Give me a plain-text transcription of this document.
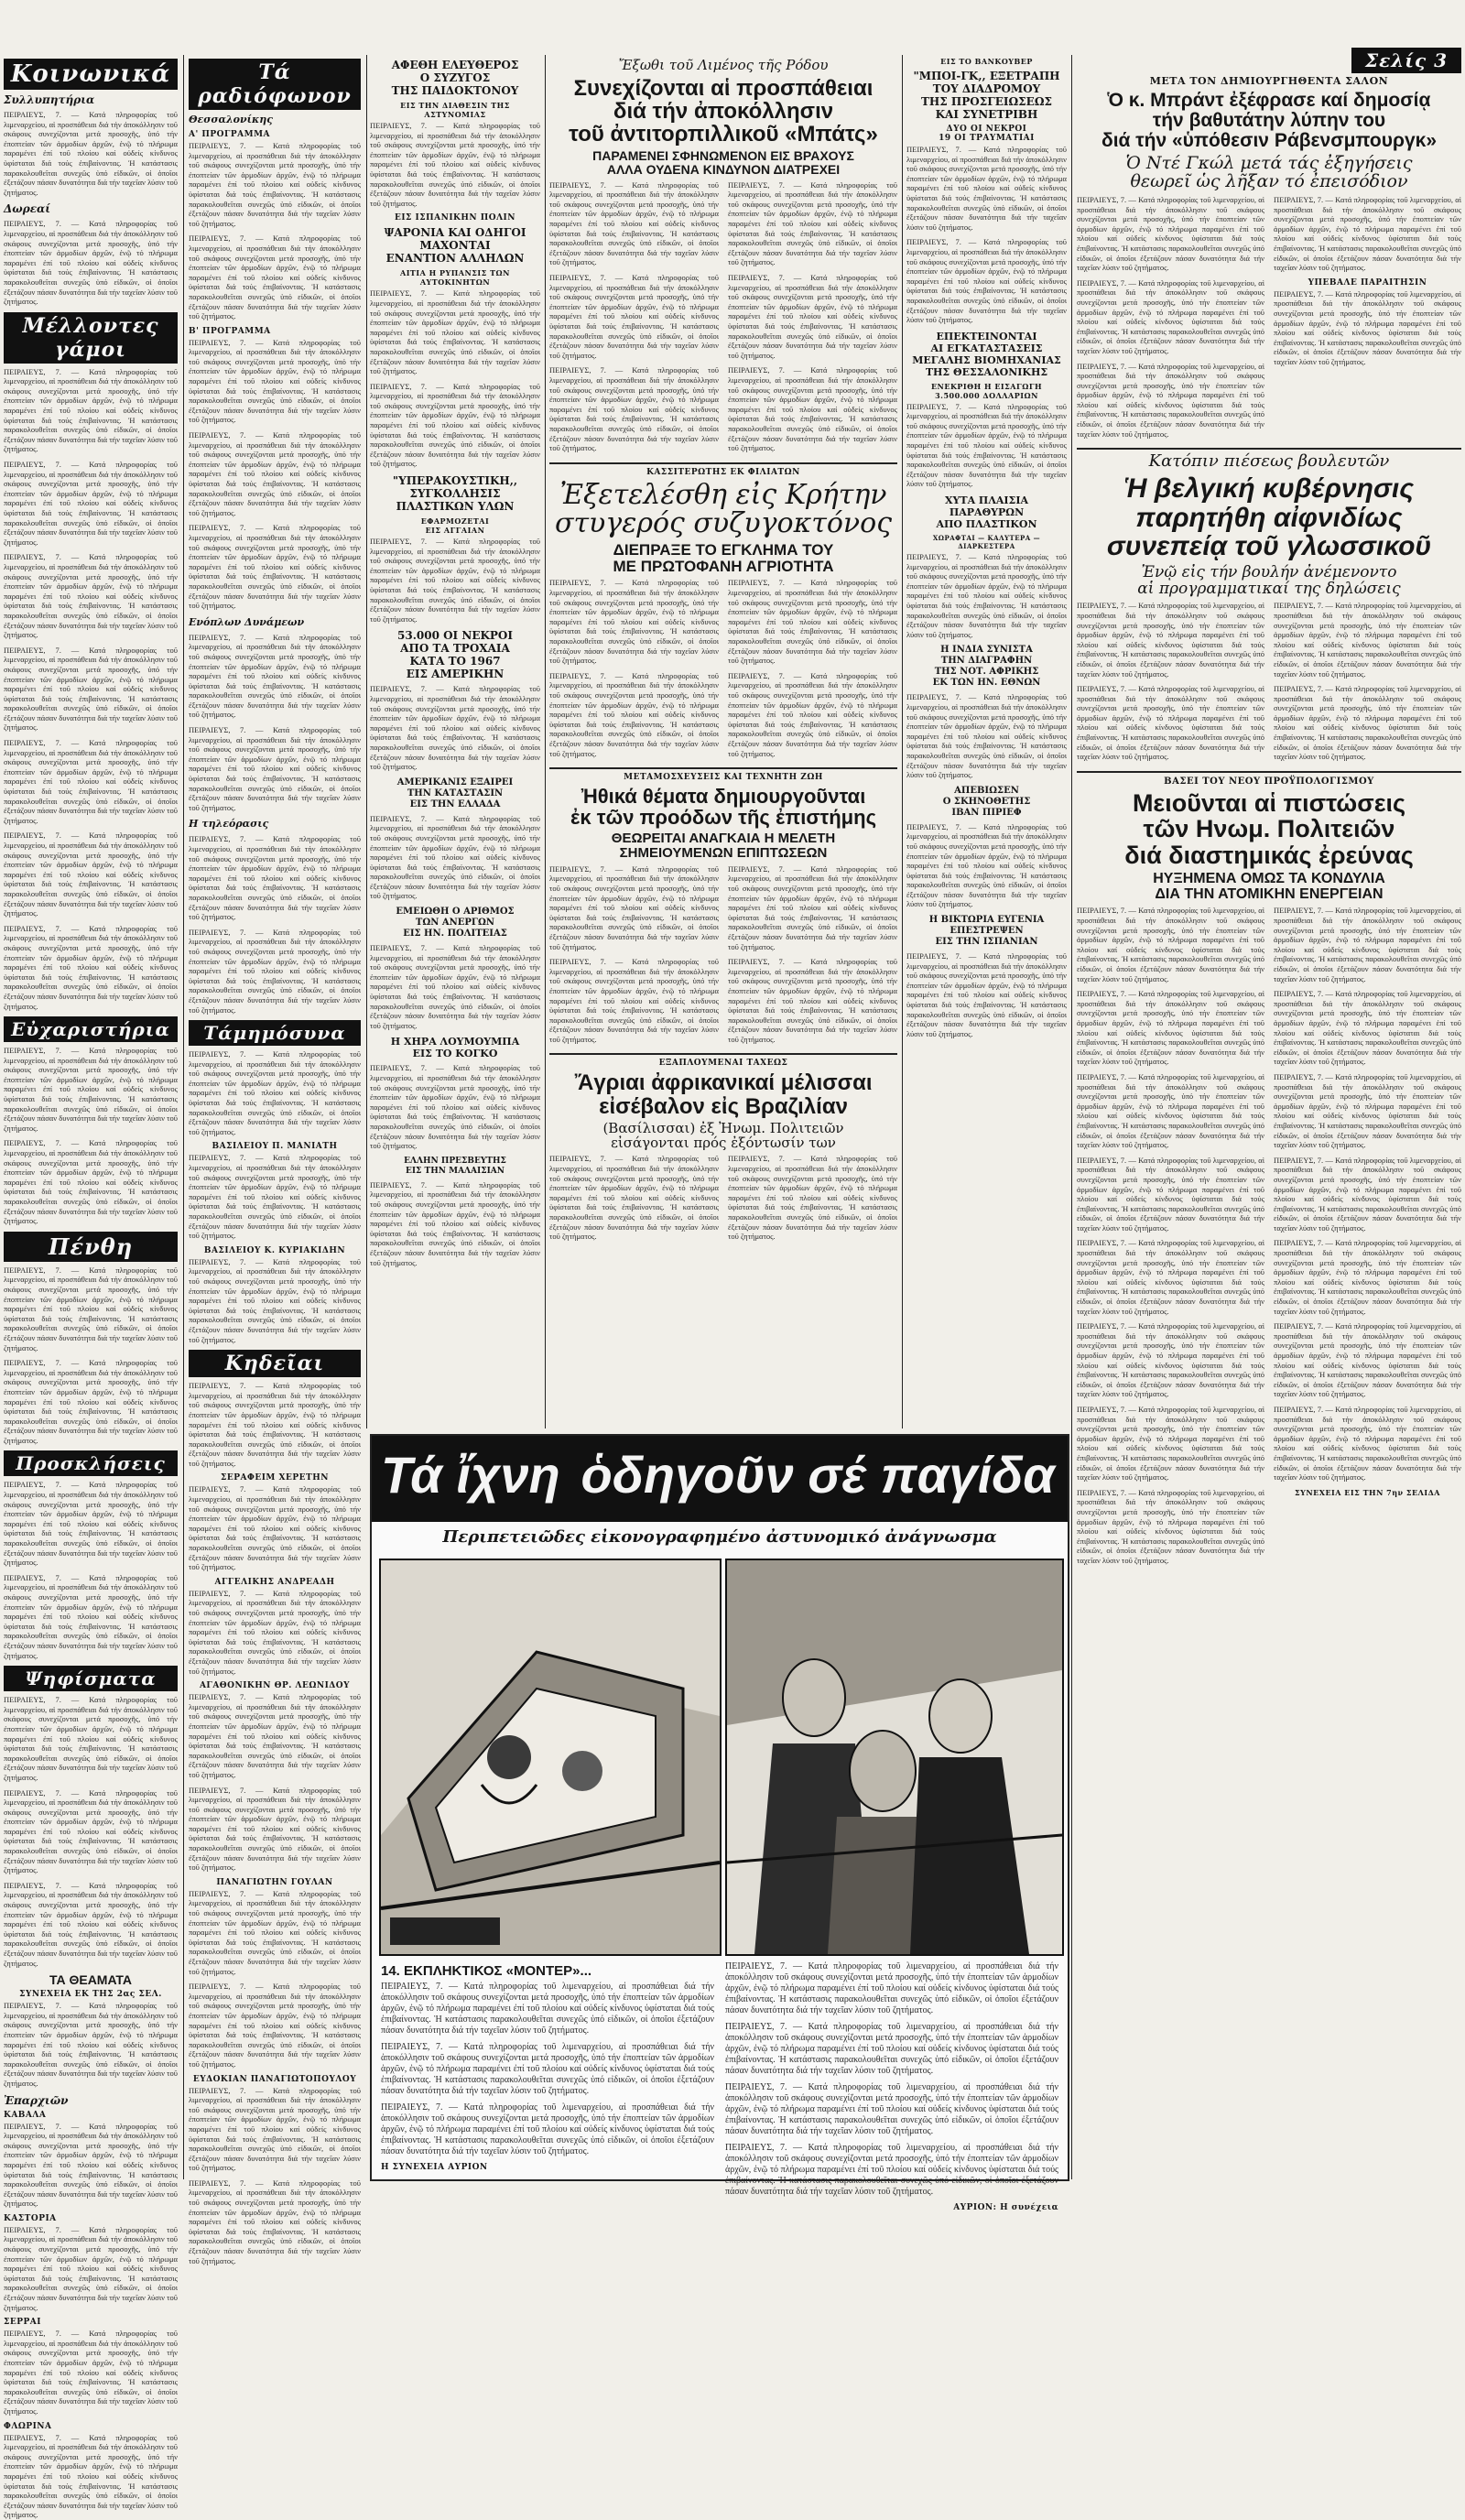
Κοινωνικά
Συλλυπητήρια

ΠΕΙΡΑΙΕΥΣ, 7. — Κατά πληροφορίας τοῦ λιμεναρχείου, αἱ προσπάθειαι διά τήν ἀποκόλλησιν τοῦ σκάφους συνεχίζονται μετά προσοχῆς, ὑπό τήν ἐποπτείαν τῶν ἁρμοδίων ἀρχῶν, ἐνῷ τό πλήρωμα παραμένει ἐπί τοῦ πλοίου καί οὐδείς κίνδυνος ὑφίσταται διά τούς ἐπιβαίνοντας. Ἡ κατάστασις παρακολουθεῖται συνεχῶς ὑπό εἰδικῶν, οἱ ὁποῖοι ἐξετάζουν πάσαν δυνατότητα διά τήν ταχεῖαν λύσιν τοῦ ζητήματος.

Δωρεαί

ΠΕΙΡΑΙΕΥΣ, 7. — Κατά πληροφορίας τοῦ λιμεναρχείου, αἱ προσπάθειαι διά τήν ἀποκόλλησιν τοῦ σκάφους συνεχίζονται μετά προσοχῆς, ὑπό τήν ἐποπτείαν τῶν ἁρμοδίων ἀρχῶν, ἐνῷ τό πλήρωμα παραμένει ἐπί τοῦ πλοίου καί οὐδείς κίνδυνος ὑφίσταται διά τούς ἐπιβαίνοντας. Ἡ κατάστασις παρακολουθεῖται συνεχῶς ὑπό εἰδικῶν, οἱ ὁποῖοι ἐξετάζουν πάσαν δυνατότητα διά τήν ταχεῖαν λύσιν τοῦ ζητήματος.

Μέλλοντες γάμοι

ΠΕΙΡΑΙΕΥΣ, 7. — Κατά πληροφορίας τοῦ λιμεναρχείου, αἱ προσπάθειαι διά τήν ἀποκόλλησιν τοῦ σκάφους συνεχίζονται μετά προσοχῆς, ὑπό τήν ἐποπτείαν τῶν ἁρμοδίων ἀρχῶν, ἐνῷ τό πλήρωμα παραμένει ἐπί τοῦ πλοίου καί οὐδείς κίνδυνος ὑφίσταται διά τούς ἐπιβαίνοντας. Ἡ κατάστασις παρακολουθεῖται συνεχῶς ὑπό εἰδικῶν, οἱ ὁποῖοι ἐξετάζουν πάσαν δυνατότητα διά τήν ταχεῖαν λύσιν τοῦ ζητήματος.

ΠΕΙΡΑΙΕΥΣ, 7. — Κατά πληροφορίας τοῦ λιμεναρχείου, αἱ προσπάθειαι διά τήν ἀποκόλλησιν τοῦ σκάφους συνεχίζονται μετά προσοχῆς, ὑπό τήν ἐποπτείαν τῶν ἁρμοδίων ἀρχῶν, ἐνῷ τό πλήρωμα παραμένει ἐπί τοῦ πλοίου καί οὐδείς κίνδυνος ὑφίσταται διά τούς ἐπιβαίνοντας. Ἡ κατάστασις παρακολουθεῖται συνεχῶς ὑπό εἰδικῶν, οἱ ὁποῖοι ἐξετάζουν πάσαν δυνατότητα διά τήν ταχεῖαν λύσιν τοῦ ζητήματος.

ΠΕΙΡΑΙΕΥΣ, 7. — Κατά πληροφορίας τοῦ λιμεναρχείου, αἱ προσπάθειαι διά τήν ἀποκόλλησιν τοῦ σκάφους συνεχίζονται μετά προσοχῆς, ὑπό τήν ἐποπτείαν τῶν ἁρμοδίων ἀρχῶν, ἐνῷ τό πλήρωμα παραμένει ἐπί τοῦ πλοίου καί οὐδείς κίνδυνος ὑφίσταται διά τούς ἐπιβαίνοντας. Ἡ κατάστασις παρακολουθεῖται συνεχῶς ὑπό εἰδικῶν, οἱ ὁποῖοι ἐξετάζουν πάσαν δυνατότητα διά τήν ταχεῖαν λύσιν τοῦ ζητήματος.

ΠΕΙΡΑΙΕΥΣ, 7. — Κατά πληροφορίας τοῦ λιμεναρχείου, αἱ προσπάθειαι διά τήν ἀποκόλλησιν τοῦ σκάφους συνεχίζονται μετά προσοχῆς, ὑπό τήν ἐποπτείαν τῶν ἁρμοδίων ἀρχῶν, ἐνῷ τό πλήρωμα παραμένει ἐπί τοῦ πλοίου καί οὐδείς κίνδυνος ὑφίσταται διά τούς ἐπιβαίνοντας. Ἡ κατάστασις παρακολουθεῖται συνεχῶς ὑπό εἰδικῶν, οἱ ὁποῖοι ἐξετάζουν πάσαν δυνατότητα διά τήν ταχεῖαν λύσιν τοῦ ζητήματος.

ΠΕΙΡΑΙΕΥΣ, 7. — Κατά πληροφορίας τοῦ λιμεναρχείου, αἱ προσπάθειαι διά τήν ἀποκόλλησιν τοῦ σκάφους συνεχίζονται μετά προσοχῆς, ὑπό τήν ἐποπτείαν τῶν ἁρμοδίων ἀρχῶν, ἐνῷ τό πλήρωμα παραμένει ἐπί τοῦ πλοίου καί οὐδείς κίνδυνος ὑφίσταται διά τούς ἐπιβαίνοντας. Ἡ κατάστασις παρακολουθεῖται συνεχῶς ὑπό εἰδικῶν, οἱ ὁποῖοι ἐξετάζουν πάσαν δυνατότητα διά τήν ταχεῖαν λύσιν τοῦ ζητήματος.

ΠΕΙΡΑΙΕΥΣ, 7. — Κατά πληροφορίας τοῦ λιμεναρχείου, αἱ προσπάθειαι διά τήν ἀποκόλλησιν τοῦ σκάφους συνεχίζονται μετά προσοχῆς, ὑπό τήν ἐποπτείαν τῶν ἁρμοδίων ἀρχῶν, ἐνῷ τό πλήρωμα παραμένει ἐπί τοῦ πλοίου καί οὐδείς κίνδυνος ὑφίσταται διά τούς ἐπιβαίνοντας. Ἡ κατάστασις παρακολουθεῖται συνεχῶς ὑπό εἰδικῶν, οἱ ὁποῖοι ἐξετάζουν πάσαν δυνατότητα διά τήν ταχεῖαν λύσιν τοῦ ζητήματος.

ΠΕΙΡΑΙΕΥΣ, 7. — Κατά πληροφορίας τοῦ λιμεναρχείου, αἱ προσπάθειαι διά τήν ἀποκόλλησιν τοῦ σκάφους συνεχίζονται μετά προσοχῆς, ὑπό τήν ἐποπτείαν τῶν ἁρμοδίων ἀρχῶν, ἐνῷ τό πλήρωμα παραμένει ἐπί τοῦ πλοίου καί οὐδείς κίνδυνος ὑφίσταται διά τούς ἐπιβαίνοντας. Ἡ κατάστασις παρακολουθεῖται συνεχῶς ὑπό εἰδικῶν, οἱ ὁποῖοι ἐξετάζουν πάσαν δυνατότητα διά τήν ταχεῖαν λύσιν τοῦ ζητήματος.

Εὐχαριστήρια

ΠΕΙΡΑΙΕΥΣ, 7. — Κατά πληροφορίας τοῦ λιμεναρχείου, αἱ προσπάθειαι διά τήν ἀποκόλλησιν τοῦ σκάφους συνεχίζονται μετά προσοχῆς, ὑπό τήν ἐποπτείαν τῶν ἁρμοδίων ἀρχῶν, ἐνῷ τό πλήρωμα παραμένει ἐπί τοῦ πλοίου καί οὐδείς κίνδυνος ὑφίσταται διά τούς ἐπιβαίνοντας. Ἡ κατάστασις παρακολουθεῖται συνεχῶς ὑπό εἰδικῶν, οἱ ὁποῖοι ἐξετάζουν πάσαν δυνατότητα διά τήν ταχεῖαν λύσιν τοῦ ζητήματος.

ΠΕΙΡΑΙΕΥΣ, 7. — Κατά πληροφορίας τοῦ λιμεναρχείου, αἱ προσπάθειαι διά τήν ἀποκόλλησιν τοῦ σκάφους συνεχίζονται μετά προσοχῆς, ὑπό τήν ἐποπτείαν τῶν ἁρμοδίων ἀρχῶν, ἐνῷ τό πλήρωμα παραμένει ἐπί τοῦ πλοίου καί οὐδείς κίνδυνος ὑφίσταται διά τούς ἐπιβαίνοντας. Ἡ κατάστασις παρακολουθεῖται συνεχῶς ὑπό εἰδικῶν, οἱ ὁποῖοι ἐξετάζουν πάσαν δυνατότητα διά τήν ταχεῖαν λύσιν τοῦ ζητήματος.

Πένθη

ΠΕΙΡΑΙΕΥΣ, 7. — Κατά πληροφορίας τοῦ λιμεναρχείου, αἱ προσπάθειαι διά τήν ἀποκόλλησιν τοῦ σκάφους συνεχίζονται μετά προσοχῆς, ὑπό τήν ἐποπτείαν τῶν ἁρμοδίων ἀρχῶν, ἐνῷ τό πλήρωμα παραμένει ἐπί τοῦ πλοίου καί οὐδείς κίνδυνος ὑφίσταται διά τούς ἐπιβαίνοντας. Ἡ κατάστασις παρακολουθεῖται συνεχῶς ὑπό εἰδικῶν, οἱ ὁποῖοι ἐξετάζουν πάσαν δυνατότητα διά τήν ταχεῖαν λύσιν τοῦ ζητήματος.

ΠΕΙΡΑΙΕΥΣ, 7. — Κατά πληροφορίας τοῦ λιμεναρχείου, αἱ προσπάθειαι διά τήν ἀποκόλλησιν τοῦ σκάφους συνεχίζονται μετά προσοχῆς, ὑπό τήν ἐποπτείαν τῶν ἁρμοδίων ἀρχῶν, ἐνῷ τό πλήρωμα παραμένει ἐπί τοῦ πλοίου καί οὐδείς κίνδυνος ὑφίσταται διά τούς ἐπιβαίνοντας. Ἡ κατάστασις παρακολουθεῖται συνεχῶς ὑπό εἰδικῶν, οἱ ὁποῖοι ἐξετάζουν πάσαν δυνατότητα διά τήν ταχεῖαν λύσιν τοῦ ζητήματος.

Προσκλήσεις

ΠΕΙΡΑΙΕΥΣ, 7. — Κατά πληροφορίας τοῦ λιμεναρχείου, αἱ προσπάθειαι διά τήν ἀποκόλλησιν τοῦ σκάφους συνεχίζονται μετά προσοχῆς, ὑπό τήν ἐποπτείαν τῶν ἁρμοδίων ἀρχῶν, ἐνῷ τό πλήρωμα παραμένει ἐπί τοῦ πλοίου καί οὐδείς κίνδυνος ὑφίσταται διά τούς ἐπιβαίνοντας. Ἡ κατάστασις παρακολουθεῖται συνεχῶς ὑπό εἰδικῶν, οἱ ὁποῖοι ἐξετάζουν πάσαν δυνατότητα διά τήν ταχεῖαν λύσιν τοῦ ζητήματος.

ΠΕΙΡΑΙΕΥΣ, 7. — Κατά πληροφορίας τοῦ λιμεναρχείου, αἱ προσπάθειαι διά τήν ἀποκόλλησιν τοῦ σκάφους συνεχίζονται μετά προσοχῆς, ὑπό τήν ἐποπτείαν τῶν ἁρμοδίων ἀρχῶν, ἐνῷ τό πλήρωμα παραμένει ἐπί τοῦ πλοίου καί οὐδείς κίνδυνος ὑφίσταται διά τούς ἐπιβαίνοντας. Ἡ κατάστασις παρακολουθεῖται συνεχῶς ὑπό εἰδικῶν, οἱ ὁποῖοι ἐξετάζουν πάσαν δυνατότητα διά τήν ταχεῖαν λύσιν τοῦ ζητήματος.

Ψηφίσματα

ΠΕΙΡΑΙΕΥΣ, 7. — Κατά πληροφορίας τοῦ λιμεναρχείου, αἱ προσπάθειαι διά τήν ἀποκόλλησιν τοῦ σκάφους συνεχίζονται μετά προσοχῆς, ὑπό τήν ἐποπτείαν τῶν ἁρμοδίων ἀρχῶν, ἐνῷ τό πλήρωμα παραμένει ἐπί τοῦ πλοίου καί οὐδείς κίνδυνος ὑφίσταται διά τούς ἐπιβαίνοντας. Ἡ κατάστασις παρακολουθεῖται συνεχῶς ὑπό εἰδικῶν, οἱ ὁποῖοι ἐξετάζουν πάσαν δυνατότητα διά τήν ταχεῖαν λύσιν τοῦ ζητήματος.

ΠΕΙΡΑΙΕΥΣ, 7. — Κατά πληροφορίας τοῦ λιμεναρχείου, αἱ προσπάθειαι διά τήν ἀποκόλλησιν τοῦ σκάφους συνεχίζονται μετά προσοχῆς, ὑπό τήν ἐποπτείαν τῶν ἁρμοδίων ἀρχῶν, ἐνῷ τό πλήρωμα παραμένει ἐπί τοῦ πλοίου καί οὐδείς κίνδυνος ὑφίσταται διά τούς ἐπιβαίνοντας. Ἡ κατάστασις παρακολουθεῖται συνεχῶς ὑπό εἰδικῶν, οἱ ὁποῖοι ἐξετάζουν πάσαν δυνατότητα διά τήν ταχεῖαν λύσιν τοῦ ζητήματος.

ΠΕΙΡΑΙΕΥΣ, 7. — Κατά πληροφορίας τοῦ λιμεναρχείου, αἱ προσπάθειαι διά τήν ἀποκόλλησιν τοῦ σκάφους συνεχίζονται μετά προσοχῆς, ὑπό τήν ἐποπτείαν τῶν ἁρμοδίων ἀρχῶν, ἐνῷ τό πλήρωμα παραμένει ἐπί τοῦ πλοίου καί οὐδείς κίνδυνος ὑφίσταται διά τούς ἐπιβαίνοντας. Ἡ κατάστασις παρακολουθεῖται συνεχῶς ὑπό εἰδικῶν, οἱ ὁποῖοι ἐξετάζουν πάσαν δυνατότητα διά τήν ταχεῖαν λύσιν τοῦ ζητήματος.

ΤΑ ΘΕΑΜΑΤΑ
ΣΥΝΕΧΕΙΑ ΕΚ ΤΗΣ 2ας ΣΕΛ.

ΠΕΙΡΑΙΕΥΣ, 7. — Κατά πληροφορίας τοῦ λιμεναρχείου, αἱ προσπάθειαι διά τήν ἀποκόλλησιν τοῦ σκάφους συνεχίζονται μετά προσοχῆς, ὑπό τήν ἐποπτείαν τῶν ἁρμοδίων ἀρχῶν, ἐνῷ τό πλήρωμα παραμένει ἐπί τοῦ πλοίου καί οὐδείς κίνδυνος ὑφίσταται διά τούς ἐπιβαίνοντας. Ἡ κατάστασις παρακολουθεῖται συνεχῶς ὑπό εἰδικῶν, οἱ ὁποῖοι ἐξετάζουν πάσαν δυνατότητα διά τήν ταχεῖαν λύσιν τοῦ ζητήματος.

Ἐπαρχιῶν
ΚΑΒΑΛΑ

ΠΕΙΡΑΙΕΥΣ, 7. — Κατά πληροφορίας τοῦ λιμεναρχείου, αἱ προσπάθειαι διά τήν ἀποκόλλησιν τοῦ σκάφους συνεχίζονται μετά προσοχῆς, ὑπό τήν ἐποπτείαν τῶν ἁρμοδίων ἀρχῶν, ἐνῷ τό πλήρωμα παραμένει ἐπί τοῦ πλοίου καί οὐδείς κίνδυνος ὑφίσταται διά τούς ἐπιβαίνοντας. Ἡ κατάστασις παρακολουθεῖται συνεχῶς ὑπό εἰδικῶν, οἱ ὁποῖοι ἐξετάζουν πάσαν δυνατότητα διά τήν ταχεῖαν λύσιν τοῦ ζητήματος.

ΚΑΣΤΟΡΙΑ

ΠΕΙΡΑΙΕΥΣ, 7. — Κατά πληροφορίας τοῦ λιμεναρχείου, αἱ προσπάθειαι διά τήν ἀποκόλλησιν τοῦ σκάφους συνεχίζονται μετά προσοχῆς, ὑπό τήν ἐποπτείαν τῶν ἁρμοδίων ἀρχῶν, ἐνῷ τό πλήρωμα παραμένει ἐπί τοῦ πλοίου καί οὐδείς κίνδυνος ὑφίσταται διά τούς ἐπιβαίνοντας. Ἡ κατάστασις παρακολουθεῖται συνεχῶς ὑπό εἰδικῶν, οἱ ὁποῖοι ἐξετάζουν πάσαν δυνατότητα διά τήν ταχεῖαν λύσιν τοῦ ζητήματος.

ΣΕΡΡΑΙ

ΠΕΙΡΑΙΕΥΣ, 7. — Κατά πληροφορίας τοῦ λιμεναρχείου, αἱ προσπάθειαι διά τήν ἀποκόλλησιν τοῦ σκάφους συνεχίζονται μετά προσοχῆς, ὑπό τήν ἐποπτείαν τῶν ἁρμοδίων ἀρχῶν, ἐνῷ τό πλήρωμα παραμένει ἐπί τοῦ πλοίου καί οὐδείς κίνδυνος ὑφίσταται διά τούς ἐπιβαίνοντας. Ἡ κατάστασις παρακολουθεῖται συνεχῶς ὑπό εἰδικῶν, οἱ ὁποῖοι ἐξετάζουν πάσαν δυνατότητα διά τήν ταχεῖαν λύσιν τοῦ ζητήματος.

ΦΛΩΡΙΝΑ

ΠΕΙΡΑΙΕΥΣ, 7. — Κατά πληροφορίας τοῦ λιμεναρχείου, αἱ προσπάθειαι διά τήν ἀποκόλλησιν τοῦ σκάφους συνεχίζονται μετά προσοχῆς, ὑπό τήν ἐποπτείαν τῶν ἁρμοδίων ἀρχῶν, ἐνῷ τό πλήρωμα παραμένει ἐπί τοῦ πλοίου καί οὐδείς κίνδυνος ὑφίσταται διά τούς ἐπιβαίνοντας. Ἡ κατάστασις παρακολουθεῖται συνεχῶς ὑπό εἰδικῶν, οἱ ὁποῖοι ἐξετάζουν πάσαν δυνατότητα διά τήν ταχεῖαν λύσιν τοῦ ζητήματος.

Τά ραδιόφωνον
Θεσσαλονίκης
Α' ΠΡΟΓΡΑΜΜΑ

ΠΕΙΡΑΙΕΥΣ, 7. — Κατά πληροφορίας τοῦ λιμεναρχείου, αἱ προσπάθειαι διά τήν ἀποκόλλησιν τοῦ σκάφους συνεχίζονται μετά προσοχῆς, ὑπό τήν ἐποπτείαν τῶν ἁρμοδίων ἀρχῶν, ἐνῷ τό πλήρωμα παραμένει ἐπί τοῦ πλοίου καί οὐδείς κίνδυνος ὑφίσταται διά τούς ἐπιβαίνοντας. Ἡ κατάστασις παρακολουθεῖται συνεχῶς ὑπό εἰδικῶν, οἱ ὁποῖοι ἐξετάζουν πάσαν δυνατότητα διά τήν ταχεῖαν λύσιν τοῦ ζητήματος.

ΠΕΙΡΑΙΕΥΣ, 7. — Κατά πληροφορίας τοῦ λιμεναρχείου, αἱ προσπάθειαι διά τήν ἀποκόλλησιν τοῦ σκάφους συνεχίζονται μετά προσοχῆς, ὑπό τήν ἐποπτείαν τῶν ἁρμοδίων ἀρχῶν, ἐνῷ τό πλήρωμα παραμένει ἐπί τοῦ πλοίου καί οὐδείς κίνδυνος ὑφίσταται διά τούς ἐπιβαίνοντας. Ἡ κατάστασις παρακολουθεῖται συνεχῶς ὑπό εἰδικῶν, οἱ ὁποῖοι ἐξετάζουν πάσαν δυνατότητα διά τήν ταχεῖαν λύσιν τοῦ ζητήματος.

Β' ΠΡΟΓΡΑΜΜΑ

ΠΕΙΡΑΙΕΥΣ, 7. — Κατά πληροφορίας τοῦ λιμεναρχείου, αἱ προσπάθειαι διά τήν ἀποκόλλησιν τοῦ σκάφους συνεχίζονται μετά προσοχῆς, ὑπό τήν ἐποπτείαν τῶν ἁρμοδίων ἀρχῶν, ἐνῷ τό πλήρωμα παραμένει ἐπί τοῦ πλοίου καί οὐδείς κίνδυνος ὑφίσταται διά τούς ἐπιβαίνοντας. Ἡ κατάστασις παρακολουθεῖται συνεχῶς ὑπό εἰδικῶν, οἱ ὁποῖοι ἐξετάζουν πάσαν δυνατότητα διά τήν ταχεῖαν λύσιν τοῦ ζητήματος.

ΠΕΙΡΑΙΕΥΣ, 7. — Κατά πληροφορίας τοῦ λιμεναρχείου, αἱ προσπάθειαι διά τήν ἀποκόλλησιν τοῦ σκάφους συνεχίζονται μετά προσοχῆς, ὑπό τήν ἐποπτείαν τῶν ἁρμοδίων ἀρχῶν, ἐνῷ τό πλήρωμα παραμένει ἐπί τοῦ πλοίου καί οὐδείς κίνδυνος ὑφίσταται διά τούς ἐπιβαίνοντας. Ἡ κατάστασις παρακολουθεῖται συνεχῶς ὑπό εἰδικῶν, οἱ ὁποῖοι ἐξετάζουν πάσαν δυνατότητα διά τήν ταχεῖαν λύσιν τοῦ ζητήματος.

ΠΕΙΡΑΙΕΥΣ, 7. — Κατά πληροφορίας τοῦ λιμεναρχείου, αἱ προσπάθειαι διά τήν ἀποκόλλησιν τοῦ σκάφους συνεχίζονται μετά προσοχῆς, ὑπό τήν ἐποπτείαν τῶν ἁρμοδίων ἀρχῶν, ἐνῷ τό πλήρωμα παραμένει ἐπί τοῦ πλοίου καί οὐδείς κίνδυνος ὑφίσταται διά τούς ἐπιβαίνοντας. Ἡ κατάστασις παρακολουθεῖται συνεχῶς ὑπό εἰδικῶν, οἱ ὁποῖοι ἐξετάζουν πάσαν δυνατότητα διά τήν ταχεῖαν λύσιν τοῦ ζητήματος.

Ενόπλων Δυνάμεων

ΠΕΙΡΑΙΕΥΣ, 7. — Κατά πληροφορίας τοῦ λιμεναρχείου, αἱ προσπάθειαι διά τήν ἀποκόλλησιν τοῦ σκάφους συνεχίζονται μετά προσοχῆς, ὑπό τήν ἐποπτείαν τῶν ἁρμοδίων ἀρχῶν, ἐνῷ τό πλήρωμα παραμένει ἐπί τοῦ πλοίου καί οὐδείς κίνδυνος ὑφίσταται διά τούς ἐπιβαίνοντας. Ἡ κατάστασις παρακολουθεῖται συνεχῶς ὑπό εἰδικῶν, οἱ ὁποῖοι ἐξετάζουν πάσαν δυνατότητα διά τήν ταχεῖαν λύσιν τοῦ ζητήματος.

ΠΕΙΡΑΙΕΥΣ, 7. — Κατά πληροφορίας τοῦ λιμεναρχείου, αἱ προσπάθειαι διά τήν ἀποκόλλησιν τοῦ σκάφους συνεχίζονται μετά προσοχῆς, ὑπό τήν ἐποπτείαν τῶν ἁρμοδίων ἀρχῶν, ἐνῷ τό πλήρωμα παραμένει ἐπί τοῦ πλοίου καί οὐδείς κίνδυνος ὑφίσταται διά τούς ἐπιβαίνοντας. Ἡ κατάστασις παρακολουθεῖται συνεχῶς ὑπό εἰδικῶν, οἱ ὁποῖοι ἐξετάζουν πάσαν δυνατότητα διά τήν ταχεῖαν λύσιν τοῦ ζητήματος.

Η τηλεόρασις

ΠΕΙΡΑΙΕΥΣ, 7. — Κατά πληροφορίας τοῦ λιμεναρχείου, αἱ προσπάθειαι διά τήν ἀποκόλλησιν τοῦ σκάφους συνεχίζονται μετά προσοχῆς, ὑπό τήν ἐποπτείαν τῶν ἁρμοδίων ἀρχῶν, ἐνῷ τό πλήρωμα παραμένει ἐπί τοῦ πλοίου καί οὐδείς κίνδυνος ὑφίσταται διά τούς ἐπιβαίνοντας. Ἡ κατάστασις παρακολουθεῖται συνεχῶς ὑπό εἰδικῶν, οἱ ὁποῖοι ἐξετάζουν πάσαν δυνατότητα διά τήν ταχεῖαν λύσιν τοῦ ζητήματος.

ΠΕΙΡΑΙΕΥΣ, 7. — Κατά πληροφορίας τοῦ λιμεναρχείου, αἱ προσπάθειαι διά τήν ἀποκόλλησιν τοῦ σκάφους συνεχίζονται μετά προσοχῆς, ὑπό τήν ἐποπτείαν τῶν ἁρμοδίων ἀρχῶν, ἐνῷ τό πλήρωμα παραμένει ἐπί τοῦ πλοίου καί οὐδείς κίνδυνος ὑφίσταται διά τούς ἐπιβαίνοντας. Ἡ κατάστασις παρακολουθεῖται συνεχῶς ὑπό εἰδικῶν, οἱ ὁποῖοι ἐξετάζουν πάσαν δυνατότητα διά τήν ταχεῖαν λύσιν τοῦ ζητήματος.

Τάμημόσυνα

ΠΕΙΡΑΙΕΥΣ, 7. — Κατά πληροφορίας τοῦ λιμεναρχείου, αἱ προσπάθειαι διά τήν ἀποκόλλησιν τοῦ σκάφους συνεχίζονται μετά προσοχῆς, ὑπό τήν ἐποπτείαν τῶν ἁρμοδίων ἀρχῶν, ἐνῷ τό πλήρωμα παραμένει ἐπί τοῦ πλοίου καί οὐδείς κίνδυνος ὑφίσταται διά τούς ἐπιβαίνοντας. Ἡ κατάστασις παρακολουθεῖται συνεχῶς ὑπό εἰδικῶν, οἱ ὁποῖοι ἐξετάζουν πάσαν δυνατότητα διά τήν ταχεῖαν λύσιν τοῦ ζητήματος.

ΒΑΣΙΛΕΙΟΥ Π. ΜΑΝΙΑΤΗ

ΠΕΙΡΑΙΕΥΣ, 7. — Κατά πληροφορίας τοῦ λιμεναρχείου, αἱ προσπάθειαι διά τήν ἀποκόλλησιν τοῦ σκάφους συνεχίζονται μετά προσοχῆς, ὑπό τήν ἐποπτείαν τῶν ἁρμοδίων ἀρχῶν, ἐνῷ τό πλήρωμα παραμένει ἐπί τοῦ πλοίου καί οὐδείς κίνδυνος ὑφίσταται διά τούς ἐπιβαίνοντας. Ἡ κατάστασις παρακολουθεῖται συνεχῶς ὑπό εἰδικῶν, οἱ ὁποῖοι ἐξετάζουν πάσαν δυνατότητα διά τήν ταχεῖαν λύσιν τοῦ ζητήματος.

ΒΑΣΙΛΕΙΟΥ Κ. ΚΥΡΙΑΚΙΔΗΝ

ΠΕΙΡΑΙΕΥΣ, 7. — Κατά πληροφορίας τοῦ λιμεναρχείου, αἱ προσπάθειαι διά τήν ἀποκόλλησιν τοῦ σκάφους συνεχίζονται μετά προσοχῆς, ὑπό τήν ἐποπτείαν τῶν ἁρμοδίων ἀρχῶν, ἐνῷ τό πλήρωμα παραμένει ἐπί τοῦ πλοίου καί οὐδείς κίνδυνος ὑφίσταται διά τούς ἐπιβαίνοντας. Ἡ κατάστασις παρακολουθεῖται συνεχῶς ὑπό εἰδικῶν, οἱ ὁποῖοι ἐξετάζουν πάσαν δυνατότητα διά τήν ταχεῖαν λύσιν τοῦ ζητήματος.

Κηδεῖαι

ΠΕΙΡΑΙΕΥΣ, 7. — Κατά πληροφορίας τοῦ λιμεναρχείου, αἱ προσπάθειαι διά τήν ἀποκόλλησιν τοῦ σκάφους συνεχίζονται μετά προσοχῆς, ὑπό τήν ἐποπτείαν τῶν ἁρμοδίων ἀρχῶν, ἐνῷ τό πλήρωμα παραμένει ἐπί τοῦ πλοίου καί οὐδείς κίνδυνος ὑφίσταται διά τούς ἐπιβαίνοντας. Ἡ κατάστασις παρακολουθεῖται συνεχῶς ὑπό εἰδικῶν, οἱ ὁποῖοι ἐξετάζουν πάσαν δυνατότητα διά τήν ταχεῖαν λύσιν τοῦ ζητήματος.

ΣΕΡΑΦΕΙΜ ΧΕΡΕΤΗΝ

ΠΕΙΡΑΙΕΥΣ, 7. — Κατά πληροφορίας τοῦ λιμεναρχείου, αἱ προσπάθειαι διά τήν ἀποκόλλησιν τοῦ σκάφους συνεχίζονται μετά προσοχῆς, ὑπό τήν ἐποπτείαν τῶν ἁρμοδίων ἀρχῶν, ἐνῷ τό πλήρωμα παραμένει ἐπί τοῦ πλοίου καί οὐδείς κίνδυνος ὑφίσταται διά τούς ἐπιβαίνοντας. Ἡ κατάστασις παρακολουθεῖται συνεχῶς ὑπό εἰδικῶν, οἱ ὁποῖοι ἐξετάζουν πάσαν δυνατότητα διά τήν ταχεῖαν λύσιν τοῦ ζητήματος.

ΑΓΓΕΛΙΚΗΣ ΑΝΔΡΕΑΔΗ

ΠΕΙΡΑΙΕΥΣ, 7. — Κατά πληροφορίας τοῦ λιμεναρχείου, αἱ προσπάθειαι διά τήν ἀποκόλλησιν τοῦ σκάφους συνεχίζονται μετά προσοχῆς, ὑπό τήν ἐποπτείαν τῶν ἁρμοδίων ἀρχῶν, ἐνῷ τό πλήρωμα παραμένει ἐπί τοῦ πλοίου καί οὐδείς κίνδυνος ὑφίσταται διά τούς ἐπιβαίνοντας. Ἡ κατάστασις παρακολουθεῖται συνεχῶς ὑπό εἰδικῶν, οἱ ὁποῖοι ἐξετάζουν πάσαν δυνατότητα διά τήν ταχεῖαν λύσιν τοῦ ζητήματος.

ΑΓΑΘΟΝΙΚΗΝ ΘΡ. ΛΕΩΝΙΔΟΥ

ΠΕΙΡΑΙΕΥΣ, 7. — Κατά πληροφορίας τοῦ λιμεναρχείου, αἱ προσπάθειαι διά τήν ἀποκόλλησιν τοῦ σκάφους συνεχίζονται μετά προσοχῆς, ὑπό τήν ἐποπτείαν τῶν ἁρμοδίων ἀρχῶν, ἐνῷ τό πλήρωμα παραμένει ἐπί τοῦ πλοίου καί οὐδείς κίνδυνος ὑφίσταται διά τούς ἐπιβαίνοντας. Ἡ κατάστασις παρακολουθεῖται συνεχῶς ὑπό εἰδικῶν, οἱ ὁποῖοι ἐξετάζουν πάσαν δυνατότητα διά τήν ταχεῖαν λύσιν τοῦ ζητήματος.

ΠΕΙΡΑΙΕΥΣ, 7. — Κατά πληροφορίας τοῦ λιμεναρχείου, αἱ προσπάθειαι διά τήν ἀποκόλλησιν τοῦ σκάφους συνεχίζονται μετά προσοχῆς, ὑπό τήν ἐποπτείαν τῶν ἁρμοδίων ἀρχῶν, ἐνῷ τό πλήρωμα παραμένει ἐπί τοῦ πλοίου καί οὐδείς κίνδυνος ὑφίσταται διά τούς ἐπιβαίνοντας. Ἡ κατάστασις παρακολουθεῖται συνεχῶς ὑπό εἰδικῶν, οἱ ὁποῖοι ἐξετάζουν πάσαν δυνατότητα διά τήν ταχεῖαν λύσιν τοῦ ζητήματος.

ΠΑΝΑΓΙΩΤΗΝ ΓΟΥΛΑΝ

ΠΕΙΡΑΙΕΥΣ, 7. — Κατά πληροφορίας τοῦ λιμεναρχείου, αἱ προσπάθειαι διά τήν ἀποκόλλησιν τοῦ σκάφους συνεχίζονται μετά προσοχῆς, ὑπό τήν ἐποπτείαν τῶν ἁρμοδίων ἀρχῶν, ἐνῷ τό πλήρωμα παραμένει ἐπί τοῦ πλοίου καί οὐδείς κίνδυνος ὑφίσταται διά τούς ἐπιβαίνοντας. Ἡ κατάστασις παρακολουθεῖται συνεχῶς ὑπό εἰδικῶν, οἱ ὁποῖοι ἐξετάζουν πάσαν δυνατότητα διά τήν ταχεῖαν λύσιν τοῦ ζητήματος.

ΠΕΙΡΑΙΕΥΣ, 7. — Κατά πληροφορίας τοῦ λιμεναρχείου, αἱ προσπάθειαι διά τήν ἀποκόλλησιν τοῦ σκάφους συνεχίζονται μετά προσοχῆς, ὑπό τήν ἐποπτείαν τῶν ἁρμοδίων ἀρχῶν, ἐνῷ τό πλήρωμα παραμένει ἐπί τοῦ πλοίου καί οὐδείς κίνδυνος ὑφίσταται διά τούς ἐπιβαίνοντας. Ἡ κατάστασις παρακολουθεῖται συνεχῶς ὑπό εἰδικῶν, οἱ ὁποῖοι ἐξετάζουν πάσαν δυνατότητα διά τήν ταχεῖαν λύσιν τοῦ ζητήματος.

ΕΥΔΟΚΙΑΝ ΠΑΝΑΓΙΩΤΟΠΟΥΛΟΥ

ΠΕΙΡΑΙΕΥΣ, 7. — Κατά πληροφορίας τοῦ λιμεναρχείου, αἱ προσπάθειαι διά τήν ἀποκόλλησιν τοῦ σκάφους συνεχίζονται μετά προσοχῆς, ὑπό τήν ἐποπτείαν τῶν ἁρμοδίων ἀρχῶν, ἐνῷ τό πλήρωμα παραμένει ἐπί τοῦ πλοίου καί οὐδείς κίνδυνος ὑφίσταται διά τούς ἐπιβαίνοντας. Ἡ κατάστασις παρακολουθεῖται συνεχῶς ὑπό εἰδικῶν, οἱ ὁποῖοι ἐξετάζουν πάσαν δυνατότητα διά τήν ταχεῖαν λύσιν τοῦ ζητήματος.

ΠΕΙΡΑΙΕΥΣ, 7. — Κατά πληροφορίας τοῦ λιμεναρχείου, αἱ προσπάθειαι διά τήν ἀποκόλλησιν τοῦ σκάφους συνεχίζονται μετά προσοχῆς, ὑπό τήν ἐποπτείαν τῶν ἁρμοδίων ἀρχῶν, ἐνῷ τό πλήρωμα παραμένει ἐπί τοῦ πλοίου καί οὐδείς κίνδυνος ὑφίσταται διά τούς ἐπιβαίνοντας. Ἡ κατάστασις παρακολουθεῖται συνεχῶς ὑπό εἰδικῶν, οἱ ὁποῖοι ἐξετάζουν πάσαν δυνατότητα διά τήν ταχεῖαν λύσιν τοῦ ζητήματος.

ΑΦΕΘΗ ΕΛΕΥΘΕΡΟΣ
Ο ΣΥΖΥΓΟΣ
ΤΗΣ ΠΑΙΔΟΚΤΟΝΟΥ
ΕΙΣ ΤΗΝ ΔΙΑΘΕΣΙΝ ΤΗΣ ΑΣΤΥΝΟΜΙΑΣ

ΠΕΙΡΑΙΕΥΣ, 7. — Κατά πληροφορίας τοῦ λιμεναρχείου, αἱ προσπάθειαι διά τήν ἀποκόλλησιν τοῦ σκάφους συνεχίζονται μετά προσοχῆς, ὑπό τήν ἐποπτείαν τῶν ἁρμοδίων ἀρχῶν, ἐνῷ τό πλήρωμα παραμένει ἐπί τοῦ πλοίου καί οὐδείς κίνδυνος ὑφίσταται διά τούς ἐπιβαίνοντας. Ἡ κατάστασις παρακολουθεῖται συνεχῶς ὑπό εἰδικῶν, οἱ ὁποῖοι ἐξετάζουν πάσαν δυνατότητα διά τήν ταχεῖαν λύσιν τοῦ ζητήματος.

ΕΙΣ ΙΣΠΑΝΙΚΗΝ ΠΟΛΙΝ
ΨΑΡΟΝΙΑ ΚΑΙ ΟΔΗΓΟΙ
ΜΑΧΟΝΤΑΙ
ΕΝΑΝΤΙΟΝ ΑΛΛΗΛΩΝ
ΑΙΤΙΑ Η ΡΥΠΑΝΣΙΣ ΤΩΝ ΑΥΤΟΚΙΝΗΤΩΝ

ΠΕΙΡΑΙΕΥΣ, 7. — Κατά πληροφορίας τοῦ λιμεναρχείου, αἱ προσπάθειαι διά τήν ἀποκόλλησιν τοῦ σκάφους συνεχίζονται μετά προσοχῆς, ὑπό τήν ἐποπτείαν τῶν ἁρμοδίων ἀρχῶν, ἐνῷ τό πλήρωμα παραμένει ἐπί τοῦ πλοίου καί οὐδείς κίνδυνος ὑφίσταται διά τούς ἐπιβαίνοντας. Ἡ κατάστασις παρακολουθεῖται συνεχῶς ὑπό εἰδικῶν, οἱ ὁποῖοι ἐξετάζουν πάσαν δυνατότητα διά τήν ταχεῖαν λύσιν τοῦ ζητήματος.

ΠΕΙΡΑΙΕΥΣ, 7. — Κατά πληροφορίας τοῦ λιμεναρχείου, αἱ προσπάθειαι διά τήν ἀποκόλλησιν τοῦ σκάφους συνεχίζονται μετά προσοχῆς, ὑπό τήν ἐποπτείαν τῶν ἁρμοδίων ἀρχῶν, ἐνῷ τό πλήρωμα παραμένει ἐπί τοῦ πλοίου καί οὐδείς κίνδυνος ὑφίσταται διά τούς ἐπιβαίνοντας. Ἡ κατάστασις παρακολουθεῖται συνεχῶς ὑπό εἰδικῶν, οἱ ὁποῖοι ἐξετάζουν πάσαν δυνατότητα διά τήν ταχεῖαν λύσιν τοῦ ζητήματος.

"ΥΠΕΡΑΚΟΥΣΤΙΚΗ,,
ΣΥΓΚΟΛΛΗΣΙΣ
ΠΛΑΣΤΙΚΩΝ ΥΛΩΝ
ΕΦΑΡΜΟΖΕΤΑΙ
ΕΙΣ ΑΓΓΑΙΑΝ

ΠΕΙΡΑΙΕΥΣ, 7. — Κατά πληροφορίας τοῦ λιμεναρχείου, αἱ προσπάθειαι διά τήν ἀποκόλλησιν τοῦ σκάφους συνεχίζονται μετά προσοχῆς, ὑπό τήν ἐποπτείαν τῶν ἁρμοδίων ἀρχῶν, ἐνῷ τό πλήρωμα παραμένει ἐπί τοῦ πλοίου καί οὐδείς κίνδυνος ὑφίσταται διά τούς ἐπιβαίνοντας. Ἡ κατάστασις παρακολουθεῖται συνεχῶς ὑπό εἰδικῶν, οἱ ὁποῖοι ἐξετάζουν πάσαν δυνατότητα διά τήν ταχεῖαν λύσιν τοῦ ζητήματος.

53.000 ΟΙ ΝΕΚΡΟΙ
ΑΠΟ ΤΑ ΤΡΟΧΑΙΑ
ΚΑΤΑ ΤΟ 1967
ΕΙΣ ΑΜΕΡΙΚΗΝ

ΠΕΙΡΑΙΕΥΣ, 7. — Κατά πληροφορίας τοῦ λιμεναρχείου, αἱ προσπάθειαι διά τήν ἀποκόλλησιν τοῦ σκάφους συνεχίζονται μετά προσοχῆς, ὑπό τήν ἐποπτείαν τῶν ἁρμοδίων ἀρχῶν, ἐνῷ τό πλήρωμα παραμένει ἐπί τοῦ πλοίου καί οὐδείς κίνδυνος ὑφίσταται διά τούς ἐπιβαίνοντας. Ἡ κατάστασις παρακολουθεῖται συνεχῶς ὑπό εἰδικῶν, οἱ ὁποῖοι ἐξετάζουν πάσαν δυνατότητα διά τήν ταχεῖαν λύσιν τοῦ ζητήματος.

ΑΜΕΡΙΚΑΝΙΣ ΕΞΑΙΡΕΙ
ΤΗΝ ΚΑΤΑΣΤΑΣΙΝ
ΕΙΣ ΤΗΝ ΕΛΛΑΔΑ

ΠΕΙΡΑΙΕΥΣ, 7. — Κατά πληροφορίας τοῦ λιμεναρχείου, αἱ προσπάθειαι διά τήν ἀποκόλλησιν τοῦ σκάφους συνεχίζονται μετά προσοχῆς, ὑπό τήν ἐποπτείαν τῶν ἁρμοδίων ἀρχῶν, ἐνῷ τό πλήρωμα παραμένει ἐπί τοῦ πλοίου καί οὐδείς κίνδυνος ὑφίσταται διά τούς ἐπιβαίνοντας. Ἡ κατάστασις παρακολουθεῖται συνεχῶς ὑπό εἰδικῶν, οἱ ὁποῖοι ἐξετάζουν πάσαν δυνατότητα διά τήν ταχεῖαν λύσιν τοῦ ζητήματος.

ΕΜΕΙΩΘΗ Ο ΑΡΙΘΜΟΣ
ΤΩΝ ΑΝΕΡΓΩΝ
ΕΙΣ ΗΝ. ΠΟΛΙΤΕΙΑΣ

ΠΕΙΡΑΙΕΥΣ, 7. — Κατά πληροφορίας τοῦ λιμεναρχείου, αἱ προσπάθειαι διά τήν ἀποκόλλησιν τοῦ σκάφους συνεχίζονται μετά προσοχῆς, ὑπό τήν ἐποπτείαν τῶν ἁρμοδίων ἀρχῶν, ἐνῷ τό πλήρωμα παραμένει ἐπί τοῦ πλοίου καί οὐδείς κίνδυνος ὑφίσταται διά τούς ἐπιβαίνοντας. Ἡ κατάστασις παρακολουθεῖται συνεχῶς ὑπό εἰδικῶν, οἱ ὁποῖοι ἐξετάζουν πάσαν δυνατότητα διά τήν ταχεῖαν λύσιν τοῦ ζητήματος.

Η ΧΗΡΑ ΛΟΥΜΟΥΜΠΑ
ΕΙΣ ΤΟ ΚΟΓΚΟ

ΠΕΙΡΑΙΕΥΣ, 7. — Κατά πληροφορίας τοῦ λιμεναρχείου, αἱ προσπάθειαι διά τήν ἀποκόλλησιν τοῦ σκάφους συνεχίζονται μετά προσοχῆς, ὑπό τήν ἐποπτείαν τῶν ἁρμοδίων ἀρχῶν, ἐνῷ τό πλήρωμα παραμένει ἐπί τοῦ πλοίου καί οὐδείς κίνδυνος ὑφίσταται διά τούς ἐπιβαίνοντας. Ἡ κατάστασις παρακολουθεῖται συνεχῶς ὑπό εἰδικῶν, οἱ ὁποῖοι ἐξετάζουν πάσαν δυνατότητα διά τήν ταχεῖαν λύσιν τοῦ ζητήματος.

ΕΛΛΗΝ ΠΡΕΣΒΕΥΤΗΣ
ΕΙΣ ΤΗΝ ΜΑΛΑΙΣΙΑΝ

ΠΕΙΡΑΙΕΥΣ, 7. — Κατά πληροφορίας τοῦ λιμεναρχείου, αἱ προσπάθειαι διά τήν ἀποκόλλησιν τοῦ σκάφους συνεχίζονται μετά προσοχῆς, ὑπό τήν ἐποπτείαν τῶν ἁρμοδίων ἀρχῶν, ἐνῷ τό πλήρωμα παραμένει ἐπί τοῦ πλοίου καί οὐδείς κίνδυνος ὑφίσταται διά τούς ἐπιβαίνοντας. Ἡ κατάστασις παρακολουθεῖται συνεχῶς ὑπό εἰδικῶν, οἱ ὁποῖοι ἐξετάζουν πάσαν δυνατότητα διά τήν ταχεῖαν λύσιν τοῦ ζητήματος.

Ἔξωθι τοῦ Λιμένος τῆς Ρόδου
Συνεχίζονται αἱ προσπάθειαι
διά τήν ἀποκόλλησιν
τοῦ ἀντιτορπιλλικοῦ «Μπάτς»
ΠΑΡΑΜΕΝΕΙ ΣΦΗΝΩΜΕΝΟΝ ΕΙΣ ΒΡΑΧΟΥΣ
ΑΛΛΑ ΟΥΔΕΝΑ ΚΙΝΔΥΝΟΝ ΔΙΑΤΡΕΧΕΙ

ΠΕΙΡΑΙΕΥΣ, 7. — Κατά πληροφορίας τοῦ λιμεναρχείου, αἱ προσπάθειαι διά τήν ἀποκόλλησιν τοῦ σκάφους συνεχίζονται μετά προσοχῆς, ὑπό τήν ἐποπτείαν τῶν ἁρμοδίων ἀρχῶν, ἐνῷ τό πλήρωμα παραμένει ἐπί τοῦ πλοίου καί οὐδείς κίνδυνος ὑφίσταται διά τούς ἐπιβαίνοντας. Ἡ κατάστασις παρακολουθεῖται συνεχῶς ὑπό εἰδικῶν, οἱ ὁποῖοι ἐξετάζουν πάσαν δυνατότητα διά τήν ταχεῖαν λύσιν τοῦ ζητήματος.

ΠΕΙΡΑΙΕΥΣ, 7. — Κατά πληροφορίας τοῦ λιμεναρχείου, αἱ προσπάθειαι διά τήν ἀποκόλλησιν τοῦ σκάφους συνεχίζονται μετά προσοχῆς, ὑπό τήν ἐποπτείαν τῶν ἁρμοδίων ἀρχῶν, ἐνῷ τό πλήρωμα παραμένει ἐπί τοῦ πλοίου καί οὐδείς κίνδυνος ὑφίσταται διά τούς ἐπιβαίνοντας. Ἡ κατάστασις παρακολουθεῖται συνεχῶς ὑπό εἰδικῶν, οἱ ὁποῖοι ἐξετάζουν πάσαν δυνατότητα διά τήν ταχεῖαν λύσιν τοῦ ζητήματος.

ΠΕΙΡΑΙΕΥΣ, 7. — Κατά πληροφορίας τοῦ λιμεναρχείου, αἱ προσπάθειαι διά τήν ἀποκόλλησιν τοῦ σκάφους συνεχίζονται μετά προσοχῆς, ὑπό τήν ἐποπτείαν τῶν ἁρμοδίων ἀρχῶν, ἐνῷ τό πλήρωμα παραμένει ἐπί τοῦ πλοίου καί οὐδείς κίνδυνος ὑφίσταται διά τούς ἐπιβαίνοντας. Ἡ κατάστασις παρακολουθεῖται συνεχῶς ὑπό εἰδικῶν, οἱ ὁποῖοι ἐξετάζουν πάσαν δυνατότητα διά τήν ταχεῖαν λύσιν τοῦ ζητήματος.

ΠΕΙΡΑΙΕΥΣ, 7. — Κατά πληροφορίας τοῦ λιμεναρχείου, αἱ προσπάθειαι διά τήν ἀποκόλλησιν τοῦ σκάφους συνεχίζονται μετά προσοχῆς, ὑπό τήν ἐποπτείαν τῶν ἁρμοδίων ἀρχῶν, ἐνῷ τό πλήρωμα παραμένει ἐπί τοῦ πλοίου καί οὐδείς κίνδυνος ὑφίσταται διά τούς ἐπιβαίνοντας. Ἡ κατάστασις παρακολουθεῖται συνεχῶς ὑπό εἰδικῶν, οἱ ὁποῖοι ἐξετάζουν πάσαν δυνατότητα διά τήν ταχεῖαν λύσιν τοῦ ζητήματος.

ΠΕΙΡΑΙΕΥΣ, 7. — Κατά πληροφορίας τοῦ λιμεναρχείου, αἱ προσπάθειαι διά τήν ἀποκόλλησιν τοῦ σκάφους συνεχίζονται μετά προσοχῆς, ὑπό τήν ἐποπτείαν τῶν ἁρμοδίων ἀρχῶν, ἐνῷ τό πλήρωμα παραμένει ἐπί τοῦ πλοίου καί οὐδείς κίνδυνος ὑφίσταται διά τούς ἐπιβαίνοντας. Ἡ κατάστασις παρακολουθεῖται συνεχῶς ὑπό εἰδικῶν, οἱ ὁποῖοι ἐξετάζουν πάσαν δυνατότητα διά τήν ταχεῖαν λύσιν τοῦ ζητήματος.

ΠΕΙΡΑΙΕΥΣ, 7. — Κατά πληροφορίας τοῦ λιμεναρχείου, αἱ προσπάθειαι διά τήν ἀποκόλλησιν τοῦ σκάφους συνεχίζονται μετά προσοχῆς, ὑπό τήν ἐποπτείαν τῶν ἁρμοδίων ἀρχῶν, ἐνῷ τό πλήρωμα παραμένει ἐπί τοῦ πλοίου καί οὐδείς κίνδυνος ὑφίσταται διά τούς ἐπιβαίνοντας. Ἡ κατάστασις παρακολουθεῖται συνεχῶς ὑπό εἰδικῶν, οἱ ὁποῖοι ἐξετάζουν πάσαν δυνατότητα διά τήν ταχεῖαν λύσιν τοῦ ζητήματος.

ΚΑΣΣΙΤΕΡΩΤΗΣ ΕΚ ΦΙΛΙΑΤΩΝ
Ἐξετελέσθη εἰς Κρήτην
στυγερός συζυγοκτόνος
ΔΙΕΠΡΑΞΕ ΤΟ ΕΓΚΛΗΜΑ ΤΟΥ
ΜΕ ΠΡΩΤΟΦΑΝΗ ΑΓΡΙΟΤΗΤΑ

ΠΕΙΡΑΙΕΥΣ, 7. — Κατά πληροφορίας τοῦ λιμεναρχείου, αἱ προσπάθειαι διά τήν ἀποκόλλησιν τοῦ σκάφους συνεχίζονται μετά προσοχῆς, ὑπό τήν ἐποπτείαν τῶν ἁρμοδίων ἀρχῶν, ἐνῷ τό πλήρωμα παραμένει ἐπί τοῦ πλοίου καί οὐδείς κίνδυνος ὑφίσταται διά τούς ἐπιβαίνοντας. Ἡ κατάστασις παρακολουθεῖται συνεχῶς ὑπό εἰδικῶν, οἱ ὁποῖοι ἐξετάζουν πάσαν δυνατότητα διά τήν ταχεῖαν λύσιν τοῦ ζητήματος.

ΠΕΙΡΑΙΕΥΣ, 7. — Κατά πληροφορίας τοῦ λιμεναρχείου, αἱ προσπάθειαι διά τήν ἀποκόλλησιν τοῦ σκάφους συνεχίζονται μετά προσοχῆς, ὑπό τήν ἐποπτείαν τῶν ἁρμοδίων ἀρχῶν, ἐνῷ τό πλήρωμα παραμένει ἐπί τοῦ πλοίου καί οὐδείς κίνδυνος ὑφίσταται διά τούς ἐπιβαίνοντας. Ἡ κατάστασις παρακολουθεῖται συνεχῶς ὑπό εἰδικῶν, οἱ ὁποῖοι ἐξετάζουν πάσαν δυνατότητα διά τήν ταχεῖαν λύσιν τοῦ ζητήματος.

ΠΕΙΡΑΙΕΥΣ, 7. — Κατά πληροφορίας τοῦ λιμεναρχείου, αἱ προσπάθειαι διά τήν ἀποκόλλησιν τοῦ σκάφους συνεχίζονται μετά προσοχῆς, ὑπό τήν ἐποπτείαν τῶν ἁρμοδίων ἀρχῶν, ἐνῷ τό πλήρωμα παραμένει ἐπί τοῦ πλοίου καί οὐδείς κίνδυνος ὑφίσταται διά τούς ἐπιβαίνοντας. Ἡ κατάστασις παρακολουθεῖται συνεχῶς ὑπό εἰδικῶν, οἱ ὁποῖοι ἐξετάζουν πάσαν δυνατότητα διά τήν ταχεῖαν λύσιν τοῦ ζητήματος.

ΠΕΙΡΑΙΕΥΣ, 7. — Κατά πληροφορίας τοῦ λιμεναρχείου, αἱ προσπάθειαι διά τήν ἀποκόλλησιν τοῦ σκάφους συνεχίζονται μετά προσοχῆς, ὑπό τήν ἐποπτείαν τῶν ἁρμοδίων ἀρχῶν, ἐνῷ τό πλήρωμα παραμένει ἐπί τοῦ πλοίου καί οὐδείς κίνδυνος ὑφίσταται διά τούς ἐπιβαίνοντας. Ἡ κατάστασις παρακολουθεῖται συνεχῶς ὑπό εἰδικῶν, οἱ ὁποῖοι ἐξετάζουν πάσαν δυνατότητα διά τήν ταχεῖαν λύσιν τοῦ ζητήματος.

ΜΕΤΑΜΟΣΧΕΥΣΕΙΣ ΚΑΙ ΤΕΧΝΗΤΗ ΖΩΗ
Ἠθικά θέματα δημιουργοῦνται
ἐκ τῶν προόδων τῆς ἐπιστήμης
ΘΕΩΡΕΙΤΑΙ ΑΝΑΓΚΑΙΑ Η ΜΕΛΕΤΗ
ΣΗΜΕΙΟΥΜΕΝΩΝ ΕΠΙΠΤΩΣΕΩΝ

ΠΕΙΡΑΙΕΥΣ, 7. — Κατά πληροφορίας τοῦ λιμεναρχείου, αἱ προσπάθειαι διά τήν ἀποκόλλησιν τοῦ σκάφους συνεχίζονται μετά προσοχῆς, ὑπό τήν ἐποπτείαν τῶν ἁρμοδίων ἀρχῶν, ἐνῷ τό πλήρωμα παραμένει ἐπί τοῦ πλοίου καί οὐδείς κίνδυνος ὑφίσταται διά τούς ἐπιβαίνοντας. Ἡ κατάστασις παρακολουθεῖται συνεχῶς ὑπό εἰδικῶν, οἱ ὁποῖοι ἐξετάζουν πάσαν δυνατότητα διά τήν ταχεῖαν λύσιν τοῦ ζητήματος.

ΠΕΙΡΑΙΕΥΣ, 7. — Κατά πληροφορίας τοῦ λιμεναρχείου, αἱ προσπάθειαι διά τήν ἀποκόλλησιν τοῦ σκάφους συνεχίζονται μετά προσοχῆς, ὑπό τήν ἐποπτείαν τῶν ἁρμοδίων ἀρχῶν, ἐνῷ τό πλήρωμα παραμένει ἐπί τοῦ πλοίου καί οὐδείς κίνδυνος ὑφίσταται διά τούς ἐπιβαίνοντας. Ἡ κατάστασις παρακολουθεῖται συνεχῶς ὑπό εἰδικῶν, οἱ ὁποῖοι ἐξετάζουν πάσαν δυνατότητα διά τήν ταχεῖαν λύσιν τοῦ ζητήματος.

ΠΕΙΡΑΙΕΥΣ, 7. — Κατά πληροφορίας τοῦ λιμεναρχείου, αἱ προσπάθειαι διά τήν ἀποκόλλησιν τοῦ σκάφους συνεχίζονται μετά προσοχῆς, ὑπό τήν ἐποπτείαν τῶν ἁρμοδίων ἀρχῶν, ἐνῷ τό πλήρωμα παραμένει ἐπί τοῦ πλοίου καί οὐδείς κίνδυνος ὑφίσταται διά τούς ἐπιβαίνοντας. Ἡ κατάστασις παρακολουθεῖται συνεχῶς ὑπό εἰδικῶν, οἱ ὁποῖοι ἐξετάζουν πάσαν δυνατότητα διά τήν ταχεῖαν λύσιν τοῦ ζητήματος.

ΠΕΙΡΑΙΕΥΣ, 7. — Κατά πληροφορίας τοῦ λιμεναρχείου, αἱ προσπάθειαι διά τήν ἀποκόλλησιν τοῦ σκάφους συνεχίζονται μετά προσοχῆς, ὑπό τήν ἐποπτείαν τῶν ἁρμοδίων ἀρχῶν, ἐνῷ τό πλήρωμα παραμένει ἐπί τοῦ πλοίου καί οὐδείς κίνδυνος ὑφίσταται διά τούς ἐπιβαίνοντας. Ἡ κατάστασις παρακολουθεῖται συνεχῶς ὑπό εἰδικῶν, οἱ ὁποῖοι ἐξετάζουν πάσαν δυνατότητα διά τήν ταχεῖαν λύσιν τοῦ ζητήματος.

ΕΞΑΠΛΟΥΜΕΝΑΙ ΤΑΧΕΩΣ
Ἄγριαι ἀφρικανικαί μέλισσαι
εἰσέβαλον εἰς Βραζιλίαν
(Βασίλισσαι) ἐξ Ἠνωμ. Πολιτειῶν
εἰσάγονται πρός ἐξόντωσίν των

ΠΕΙΡΑΙΕΥΣ, 7. — Κατά πληροφορίας τοῦ λιμεναρχείου, αἱ προσπάθειαι διά τήν ἀποκόλλησιν τοῦ σκάφους συνεχίζονται μετά προσοχῆς, ὑπό τήν ἐποπτείαν τῶν ἁρμοδίων ἀρχῶν, ἐνῷ τό πλήρωμα παραμένει ἐπί τοῦ πλοίου καί οὐδείς κίνδυνος ὑφίσταται διά τούς ἐπιβαίνοντας. Ἡ κατάστασις παρακολουθεῖται συνεχῶς ὑπό εἰδικῶν, οἱ ὁποῖοι ἐξετάζουν πάσαν δυνατότητα διά τήν ταχεῖαν λύσιν τοῦ ζητήματος.

ΠΕΙΡΑΙΕΥΣ, 7. — Κατά πληροφορίας τοῦ λιμεναρχείου, αἱ προσπάθειαι διά τήν ἀποκόλλησιν τοῦ σκάφους συνεχίζονται μετά προσοχῆς, ὑπό τήν ἐποπτείαν τῶν ἁρμοδίων ἀρχῶν, ἐνῷ τό πλήρωμα παραμένει ἐπί τοῦ πλοίου καί οὐδείς κίνδυνος ὑφίσταται διά τούς ἐπιβαίνοντας. Ἡ κατάστασις παρακολουθεῖται συνεχῶς ὑπό εἰδικῶν, οἱ ὁποῖοι ἐξετάζουν πάσαν δυνατότητα διά τήν ταχεῖαν λύσιν τοῦ ζητήματος.

ΕΙΣ ΤΟ ΒΑΝΚΟΥΒΕΡ
"ΜΠΟΙ-ΓΚ,, ΕΞΕΤΡΑΠΗ
ΤΟΥ ΔΙΑΔΡΟΜΟΥ
ΤΗΣ ΠΡΟΣΓΕΙΩΣΕΩΣ
ΚΑΙ ΣΥΝΕΤΡΙΒΗ
ΔΥΟ ΟΙ ΝΕΚΡΟΙ
19 ΟΙ ΤΡΑΥΜΑΤΙΑΙ

ΠΕΙΡΑΙΕΥΣ, 7. — Κατά πληροφορίας τοῦ λιμεναρχείου, αἱ προσπάθειαι διά τήν ἀποκόλλησιν τοῦ σκάφους συνεχίζονται μετά προσοχῆς, ὑπό τήν ἐποπτείαν τῶν ἁρμοδίων ἀρχῶν, ἐνῷ τό πλήρωμα παραμένει ἐπί τοῦ πλοίου καί οὐδείς κίνδυνος ὑφίσταται διά τούς ἐπιβαίνοντας. Ἡ κατάστασις παρακολουθεῖται συνεχῶς ὑπό εἰδικῶν, οἱ ὁποῖοι ἐξετάζουν πάσαν δυνατότητα διά τήν ταχεῖαν λύσιν τοῦ ζητήματος.

ΠΕΙΡΑΙΕΥΣ, 7. — Κατά πληροφορίας τοῦ λιμεναρχείου, αἱ προσπάθειαι διά τήν ἀποκόλλησιν τοῦ σκάφους συνεχίζονται μετά προσοχῆς, ὑπό τήν ἐποπτείαν τῶν ἁρμοδίων ἀρχῶν, ἐνῷ τό πλήρωμα παραμένει ἐπί τοῦ πλοίου καί οὐδείς κίνδυνος ὑφίσταται διά τούς ἐπιβαίνοντας. Ἡ κατάστασις παρακολουθεῖται συνεχῶς ὑπό εἰδικῶν, οἱ ὁποῖοι ἐξετάζουν πάσαν δυνατότητα διά τήν ταχεῖαν λύσιν τοῦ ζητήματος.

ΕΠΕΚΤΕΙΝΟΝΤΑΙ
ΑΙ ΕΓΚΑΤΑΣΤΑΣΕΙΣ
ΜΕΓΑΛΗΣ ΒΙΟΜΗΧΑΝΙΑΣ
ΤΗΣ ΘΕΣΣΑΛΟΝΙΚΗΣ
ΕΝΕΚΡΙΘΗ Η ΕΙΣΑΓΩΓΗ
3.500.000 ΔΟΛΛΑΡΙΩΝ

ΠΕΙΡΑΙΕΥΣ, 7. — Κατά πληροφορίας τοῦ λιμεναρχείου, αἱ προσπάθειαι διά τήν ἀποκόλλησιν τοῦ σκάφους συνεχίζονται μετά προσοχῆς, ὑπό τήν ἐποπτείαν τῶν ἁρμοδίων ἀρχῶν, ἐνῷ τό πλήρωμα παραμένει ἐπί τοῦ πλοίου καί οὐδείς κίνδυνος ὑφίσταται διά τούς ἐπιβαίνοντας. Ἡ κατάστασις παρακολουθεῖται συνεχῶς ὑπό εἰδικῶν, οἱ ὁποῖοι ἐξετάζουν πάσαν δυνατότητα διά τήν ταχεῖαν λύσιν τοῦ ζητήματος.

ΧΥΤΑ ΠΛΑΙΣΙΑ
ΠΑΡΑΘΥΡΩΝ
ΑΠΟ ΠΛΑΣΤΙΚΟΝ
ΧΩΡΑΦΤΑΙ — ΚΑΛΥΤΕΡΑ — ΔΙΑΡΚΕΣΤΕΡΑ

ΠΕΙΡΑΙΕΥΣ, 7. — Κατά πληροφορίας τοῦ λιμεναρχείου, αἱ προσπάθειαι διά τήν ἀποκόλλησιν τοῦ σκάφους συνεχίζονται μετά προσοχῆς, ὑπό τήν ἐποπτείαν τῶν ἁρμοδίων ἀρχῶν, ἐνῷ τό πλήρωμα παραμένει ἐπί τοῦ πλοίου καί οὐδείς κίνδυνος ὑφίσταται διά τούς ἐπιβαίνοντας. Ἡ κατάστασις παρακολουθεῖται συνεχῶς ὑπό εἰδικῶν, οἱ ὁποῖοι ἐξετάζουν πάσαν δυνατότητα διά τήν ταχεῖαν λύσιν τοῦ ζητήματος.

Η ΙΝΔΙΑ ΣΥΝΙΣΤΑ
ΤΗΝ ΔΙΑΓΡΑΦΗΝ
ΤΗΣ ΝΟΤ. ΑΦΡΙΚΗΣ
ΕΚ ΤΩΝ ΗΝ. ΕΘΝΩΝ

ΠΕΙΡΑΙΕΥΣ, 7. — Κατά πληροφορίας τοῦ λιμεναρχείου, αἱ προσπάθειαι διά τήν ἀποκόλλησιν τοῦ σκάφους συνεχίζονται μετά προσοχῆς, ὑπό τήν ἐποπτείαν τῶν ἁρμοδίων ἀρχῶν, ἐνῷ τό πλήρωμα παραμένει ἐπί τοῦ πλοίου καί οὐδείς κίνδυνος ὑφίσταται διά τούς ἐπιβαίνοντας. Ἡ κατάστασις παρακολουθεῖται συνεχῶς ὑπό εἰδικῶν, οἱ ὁποῖοι ἐξετάζουν πάσαν δυνατότητα διά τήν ταχεῖαν λύσιν τοῦ ζητήματος.

ΑΠΕΒΙΩΣΕΝ
Ο ΣΚΗΝΟΘΕΤΗΣ
ΙΒΑΝ ΠΙΡΙΕΦ

ΠΕΙΡΑΙΕΥΣ, 7. — Κατά πληροφορίας τοῦ λιμεναρχείου, αἱ προσπάθειαι διά τήν ἀποκόλλησιν τοῦ σκάφους συνεχίζονται μετά προσοχῆς, ὑπό τήν ἐποπτείαν τῶν ἁρμοδίων ἀρχῶν, ἐνῷ τό πλήρωμα παραμένει ἐπί τοῦ πλοίου καί οὐδείς κίνδυνος ὑφίσταται διά τούς ἐπιβαίνοντας. Ἡ κατάστασις παρακολουθεῖται συνεχῶς ὑπό εἰδικῶν, οἱ ὁποῖοι ἐξετάζουν πάσαν δυνατότητα διά τήν ταχεῖαν λύσιν τοῦ ζητήματος.

Η ΒΙΚΤΩΡΙΑ ΕΥΓΕΝΙΑ
ΕΠΕΣΤΡΕΨΕΝ
ΕΙΣ ΤΗΝ ΙΣΠΑΝΙΑΝ

ΠΕΙΡΑΙΕΥΣ, 7. — Κατά πληροφορίας τοῦ λιμεναρχείου, αἱ προσπάθειαι διά τήν ἀποκόλλησιν τοῦ σκάφους συνεχίζονται μετά προσοχῆς, ὑπό τήν ἐποπτείαν τῶν ἁρμοδίων ἀρχῶν, ἐνῷ τό πλήρωμα παραμένει ἐπί τοῦ πλοίου καί οὐδείς κίνδυνος ὑφίσταται διά τούς ἐπιβαίνοντας. Ἡ κατάστασις παρακολουθεῖται συνεχῶς ὑπό εἰδικῶν, οἱ ὁποῖοι ἐξετάζουν πάσαν δυνατότητα διά τήν ταχεῖαν λύσιν τοῦ ζητήματος.

Σελίς 3
ΜΕΤΑ ΤΟΝ ΔΗΜΙΟΥΡΓΗΘΕΝΤΑ ΣΑΛΟΝ
Ὁ κ. Μπράντ ἐξέφρασε καί δημοσίᾳ
τήν βαθυτάτην λύπην του
διά τήν «ὑπόθεσιν Ράβενσμπουργκ»
Ὁ Ντέ Γκώλ μετά τάς ἐξηγήσεις
θεωρεῖ ὡς λῆξαν τό ἐπεισόδιον

ΠΕΙΡΑΙΕΥΣ, 7. — Κατά πληροφορίας τοῦ λιμεναρχείου, αἱ προσπάθειαι διά τήν ἀποκόλλησιν τοῦ σκάφους συνεχίζονται μετά προσοχῆς, ὑπό τήν ἐποπτείαν τῶν ἁρμοδίων ἀρχῶν, ἐνῷ τό πλήρωμα παραμένει ἐπί τοῦ πλοίου καί οὐδείς κίνδυνος ὑφίσταται διά τούς ἐπιβαίνοντας. Ἡ κατάστασις παρακολουθεῖται συνεχῶς ὑπό εἰδικῶν, οἱ ὁποῖοι ἐξετάζουν πάσαν δυνατότητα διά τήν ταχεῖαν λύσιν τοῦ ζητήματος.

ΠΕΙΡΑΙΕΥΣ, 7. — Κατά πληροφορίας τοῦ λιμεναρχείου, αἱ προσπάθειαι διά τήν ἀποκόλλησιν τοῦ σκάφους συνεχίζονται μετά προσοχῆς, ὑπό τήν ἐποπτείαν τῶν ἁρμοδίων ἀρχῶν, ἐνῷ τό πλήρωμα παραμένει ἐπί τοῦ πλοίου καί οὐδείς κίνδυνος ὑφίσταται διά τούς ἐπιβαίνοντας. Ἡ κατάστασις παρακολουθεῖται συνεχῶς ὑπό εἰδικῶν, οἱ ὁποῖοι ἐξετάζουν πάσαν δυνατότητα διά τήν ταχεῖαν λύσιν τοῦ ζητήματος.

ΠΕΙΡΑΙΕΥΣ, 7. — Κατά πληροφορίας τοῦ λιμεναρχείου, αἱ προσπάθειαι διά τήν ἀποκόλλησιν τοῦ σκάφους συνεχίζονται μετά προσοχῆς, ὑπό τήν ἐποπτείαν τῶν ἁρμοδίων ἀρχῶν, ἐνῷ τό πλήρωμα παραμένει ἐπί τοῦ πλοίου καί οὐδείς κίνδυνος ὑφίσταται διά τούς ἐπιβαίνοντας. Ἡ κατάστασις παρακολουθεῖται συνεχῶς ὑπό εἰδικῶν, οἱ ὁποῖοι ἐξετάζουν πάσαν δυνατότητα διά τήν ταχεῖαν λύσιν τοῦ ζητήματος.

ΠΕΙΡΑΙΕΥΣ, 7. — Κατά πληροφορίας τοῦ λιμεναρχείου, αἱ προσπάθειαι διά τήν ἀποκόλλησιν τοῦ σκάφους συνεχίζονται μετά προσοχῆς, ὑπό τήν ἐποπτείαν τῶν ἁρμοδίων ἀρχῶν, ἐνῷ τό πλήρωμα παραμένει ἐπί τοῦ πλοίου καί οὐδείς κίνδυνος ὑφίσταται διά τούς ἐπιβαίνοντας. Ἡ κατάστασις παρακολουθεῖται συνεχῶς ὑπό εἰδικῶν, οἱ ὁποῖοι ἐξετάζουν πάσαν δυνατότητα διά τήν ταχεῖαν λύσιν τοῦ ζητήματος.

ΥΠΕΒΑΛΕ ΠΑΡΑΙΤΗΣΙΝ

ΠΕΙΡΑΙΕΥΣ, 7. — Κατά πληροφορίας τοῦ λιμεναρχείου, αἱ προσπάθειαι διά τήν ἀποκόλλησιν τοῦ σκάφους συνεχίζονται μετά προσοχῆς, ὑπό τήν ἐποπτείαν τῶν ἁρμοδίων ἀρχῶν, ἐνῷ τό πλήρωμα παραμένει ἐπί τοῦ πλοίου καί οὐδείς κίνδυνος ὑφίσταται διά τούς ἐπιβαίνοντας. Ἡ κατάστασις παρακολουθεῖται συνεχῶς ὑπό εἰδικῶν, οἱ ὁποῖοι ἐξετάζουν πάσαν δυνατότητα διά τήν ταχεῖαν λύσιν τοῦ ζητήματος.

Κατόπιν πιέσεως βουλευτῶν
Ἡ βελγική κυβέρνησις
παρητήθη αἰφνιδίως
συνεπείᾳ τοῦ γλωσσικοῦ
Ἐνῷ εἰς τήν βουλήν ἀνέμενοντο
αἱ προγραμματικαί της δηλώσεις

ΠΕΙΡΑΙΕΥΣ, 7. — Κατά πληροφορίας τοῦ λιμεναρχείου, αἱ προσπάθειαι διά τήν ἀποκόλλησιν τοῦ σκάφους συνεχίζονται μετά προσοχῆς, ὑπό τήν ἐποπτείαν τῶν ἁρμοδίων ἀρχῶν, ἐνῷ τό πλήρωμα παραμένει ἐπί τοῦ πλοίου καί οὐδείς κίνδυνος ὑφίσταται διά τούς ἐπιβαίνοντας. Ἡ κατάστασις παρακολουθεῖται συνεχῶς ὑπό εἰδικῶν, οἱ ὁποῖοι ἐξετάζουν πάσαν δυνατότητα διά τήν ταχεῖαν λύσιν τοῦ ζητήματος.

ΠΕΙΡΑΙΕΥΣ, 7. — Κατά πληροφορίας τοῦ λιμεναρχείου, αἱ προσπάθειαι διά τήν ἀποκόλλησιν τοῦ σκάφους συνεχίζονται μετά προσοχῆς, ὑπό τήν ἐποπτείαν τῶν ἁρμοδίων ἀρχῶν, ἐνῷ τό πλήρωμα παραμένει ἐπί τοῦ πλοίου καί οὐδείς κίνδυνος ὑφίσταται διά τούς ἐπιβαίνοντας. Ἡ κατάστασις παρακολουθεῖται συνεχῶς ὑπό εἰδικῶν, οἱ ὁποῖοι ἐξετάζουν πάσαν δυνατότητα διά τήν ταχεῖαν λύσιν τοῦ ζητήματος.

ΠΕΙΡΑΙΕΥΣ, 7. — Κατά πληροφορίας τοῦ λιμεναρχείου, αἱ προσπάθειαι διά τήν ἀποκόλλησιν τοῦ σκάφους συνεχίζονται μετά προσοχῆς, ὑπό τήν ἐποπτείαν τῶν ἁρμοδίων ἀρχῶν, ἐνῷ τό πλήρωμα παραμένει ἐπί τοῦ πλοίου καί οὐδείς κίνδυνος ὑφίσταται διά τούς ἐπιβαίνοντας. Ἡ κατάστασις παρακολουθεῖται συνεχῶς ὑπό εἰδικῶν, οἱ ὁποῖοι ἐξετάζουν πάσαν δυνατότητα διά τήν ταχεῖαν λύσιν τοῦ ζητήματος.

ΠΕΙΡΑΙΕΥΣ, 7. — Κατά πληροφορίας τοῦ λιμεναρχείου, αἱ προσπάθειαι διά τήν ἀποκόλλησιν τοῦ σκάφους συνεχίζονται μετά προσοχῆς, ὑπό τήν ἐποπτείαν τῶν ἁρμοδίων ἀρχῶν, ἐνῷ τό πλήρωμα παραμένει ἐπί τοῦ πλοίου καί οὐδείς κίνδυνος ὑφίσταται διά τούς ἐπιβαίνοντας. Ἡ κατάστασις παρακολουθεῖται συνεχῶς ὑπό εἰδικῶν, οἱ ὁποῖοι ἐξετάζουν πάσαν δυνατότητα διά τήν ταχεῖαν λύσιν τοῦ ζητήματος.

ΒΑΣΕΙ ΤΟΥ ΝΕΟΥ ΠΡΟΫΠΟΛΟΓΙΣΜΟΥ
Μειοῦνται αἱ πιστώσεις
τῶν Ηνωμ. Πολιτειῶν
διά διαστημικάς ἐρεύνας
ΗΥΞΗΜΕΝΑ ΟΜΩΣ ΤΑ ΚΟΝΔΥΛΙΑ
ΔΙΑ ΤΗΝ ΑΤΟΜΙΚΗΝ ΕΝΕΡΓΕΙΑΝ

ΠΕΙΡΑΙΕΥΣ, 7. — Κατά πληροφορίας τοῦ λιμεναρχείου, αἱ προσπάθειαι διά τήν ἀποκόλλησιν τοῦ σκάφους συνεχίζονται μετά προσοχῆς, ὑπό τήν ἐποπτείαν τῶν ἁρμοδίων ἀρχῶν, ἐνῷ τό πλήρωμα παραμένει ἐπί τοῦ πλοίου καί οὐδείς κίνδυνος ὑφίσταται διά τούς ἐπιβαίνοντας. Ἡ κατάστασις παρακολουθεῖται συνεχῶς ὑπό εἰδικῶν, οἱ ὁποῖοι ἐξετάζουν πάσαν δυνατότητα διά τήν ταχεῖαν λύσιν τοῦ ζητήματος.

ΠΕΙΡΑΙΕΥΣ, 7. — Κατά πληροφορίας τοῦ λιμεναρχείου, αἱ προσπάθειαι διά τήν ἀποκόλλησιν τοῦ σκάφους συνεχίζονται μετά προσοχῆς, ὑπό τήν ἐποπτείαν τῶν ἁρμοδίων ἀρχῶν, ἐνῷ τό πλήρωμα παραμένει ἐπί τοῦ πλοίου καί οὐδείς κίνδυνος ὑφίσταται διά τούς ἐπιβαίνοντας. Ἡ κατάστασις παρακολουθεῖται συνεχῶς ὑπό εἰδικῶν, οἱ ὁποῖοι ἐξετάζουν πάσαν δυνατότητα διά τήν ταχεῖαν λύσιν τοῦ ζητήματος.

ΠΕΙΡΑΙΕΥΣ, 7. — Κατά πληροφορίας τοῦ λιμεναρχείου, αἱ προσπάθειαι διά τήν ἀποκόλλησιν τοῦ σκάφους συνεχίζονται μετά προσοχῆς, ὑπό τήν ἐποπτείαν τῶν ἁρμοδίων ἀρχῶν, ἐνῷ τό πλήρωμα παραμένει ἐπί τοῦ πλοίου καί οὐδείς κίνδυνος ὑφίσταται διά τούς ἐπιβαίνοντας. Ἡ κατάστασις παρακολουθεῖται συνεχῶς ὑπό εἰδικῶν, οἱ ὁποῖοι ἐξετάζουν πάσαν δυνατότητα διά τήν ταχεῖαν λύσιν τοῦ ζητήματος.

ΠΕΙΡΑΙΕΥΣ, 7. — Κατά πληροφορίας τοῦ λιμεναρχείου, αἱ προσπάθειαι διά τήν ἀποκόλλησιν τοῦ σκάφους συνεχίζονται μετά προσοχῆς, ὑπό τήν ἐποπτείαν τῶν ἁρμοδίων ἀρχῶν, ἐνῷ τό πλήρωμα παραμένει ἐπί τοῦ πλοίου καί οὐδείς κίνδυνος ὑφίσταται διά τούς ἐπιβαίνοντας. Ἡ κατάστασις παρακολουθεῖται συνεχῶς ὑπό εἰδικῶν, οἱ ὁποῖοι ἐξετάζουν πάσαν δυνατότητα διά τήν ταχεῖαν λύσιν τοῦ ζητήματος.

ΠΕΙΡΑΙΕΥΣ, 7. — Κατά πληροφορίας τοῦ λιμεναρχείου, αἱ προσπάθειαι διά τήν ἀποκόλλησιν τοῦ σκάφους συνεχίζονται μετά προσοχῆς, ὑπό τήν ἐποπτείαν τῶν ἁρμοδίων ἀρχῶν, ἐνῷ τό πλήρωμα παραμένει ἐπί τοῦ πλοίου καί οὐδείς κίνδυνος ὑφίσταται διά τούς ἐπιβαίνοντας. Ἡ κατάστασις παρακολουθεῖται συνεχῶς ὑπό εἰδικῶν, οἱ ὁποῖοι ἐξετάζουν πάσαν δυνατότητα διά τήν ταχεῖαν λύσιν τοῦ ζητήματος.

ΠΕΙΡΑΙΕΥΣ, 7. — Κατά πληροφορίας τοῦ λιμεναρχείου, αἱ προσπάθειαι διά τήν ἀποκόλλησιν τοῦ σκάφους συνεχίζονται μετά προσοχῆς, ὑπό τήν ἐποπτείαν τῶν ἁρμοδίων ἀρχῶν, ἐνῷ τό πλήρωμα παραμένει ἐπί τοῦ πλοίου καί οὐδείς κίνδυνος ὑφίσταται διά τούς ἐπιβαίνοντας. Ἡ κατάστασις παρακολουθεῖται συνεχῶς ὑπό εἰδικῶν, οἱ ὁποῖοι ἐξετάζουν πάσαν δυνατότητα διά τήν ταχεῖαν λύσιν τοῦ ζητήματος.

ΠΕΙΡΑΙΕΥΣ, 7. — Κατά πληροφορίας τοῦ λιμεναρχείου, αἱ προσπάθειαι διά τήν ἀποκόλλησιν τοῦ σκάφους συνεχίζονται μετά προσοχῆς, ὑπό τήν ἐποπτείαν τῶν ἁρμοδίων ἀρχῶν, ἐνῷ τό πλήρωμα παραμένει ἐπί τοῦ πλοίου καί οὐδείς κίνδυνος ὑφίσταται διά τούς ἐπιβαίνοντας. Ἡ κατάστασις παρακολουθεῖται συνεχῶς ὑπό εἰδικῶν, οἱ ὁποῖοι ἐξετάζουν πάσαν δυνατότητα διά τήν ταχεῖαν λύσιν τοῦ ζητήματος.

ΠΕΙΡΑΙΕΥΣ, 7. — Κατά πληροφορίας τοῦ λιμεναρχείου, αἱ προσπάθειαι διά τήν ἀποκόλλησιν τοῦ σκάφους συνεχίζονται μετά προσοχῆς, ὑπό τήν ἐποπτείαν τῶν ἁρμοδίων ἀρχῶν, ἐνῷ τό πλήρωμα παραμένει ἐπί τοῦ πλοίου καί οὐδείς κίνδυνος ὑφίσταται διά τούς ἐπιβαίνοντας. Ἡ κατάστασις παρακολουθεῖται συνεχῶς ὑπό εἰδικῶν, οἱ ὁποῖοι ἐξετάζουν πάσαν δυνατότητα διά τήν ταχεῖαν λύσιν τοῦ ζητήματος.

ΠΕΙΡΑΙΕΥΣ, 7. — Κατά πληροφορίας τοῦ λιμεναρχείου, αἱ προσπάθειαι διά τήν ἀποκόλλησιν τοῦ σκάφους συνεχίζονται μετά προσοχῆς, ὑπό τήν ἐποπτείαν τῶν ἁρμοδίων ἀρχῶν, ἐνῷ τό πλήρωμα παραμένει ἐπί τοῦ πλοίου καί οὐδείς κίνδυνος ὑφίσταται διά τούς ἐπιβαίνοντας. Ἡ κατάστασις παρακολουθεῖται συνεχῶς ὑπό εἰδικῶν, οἱ ὁποῖοι ἐξετάζουν πάσαν δυνατότητα διά τήν ταχεῖαν λύσιν τοῦ ζητήματος.

ΠΕΙΡΑΙΕΥΣ, 7. — Κατά πληροφορίας τοῦ λιμεναρχείου, αἱ προσπάθειαι διά τήν ἀποκόλλησιν τοῦ σκάφους συνεχίζονται μετά προσοχῆς, ὑπό τήν ἐποπτείαν τῶν ἁρμοδίων ἀρχῶν, ἐνῷ τό πλήρωμα παραμένει ἐπί τοῦ πλοίου καί οὐδείς κίνδυνος ὑφίσταται διά τούς ἐπιβαίνοντας. Ἡ κατάστασις παρακολουθεῖται συνεχῶς ὑπό εἰδικῶν, οἱ ὁποῖοι ἐξετάζουν πάσαν δυνατότητα διά τήν ταχεῖαν λύσιν τοῦ ζητήματος.

ΠΕΙΡΑΙΕΥΣ, 7. — Κατά πληροφορίας τοῦ λιμεναρχείου, αἱ προσπάθειαι διά τήν ἀποκόλλησιν τοῦ σκάφους συνεχίζονται μετά προσοχῆς, ὑπό τήν ἐποπτείαν τῶν ἁρμοδίων ἀρχῶν, ἐνῷ τό πλήρωμα παραμένει ἐπί τοῦ πλοίου καί οὐδείς κίνδυνος ὑφίσταται διά τούς ἐπιβαίνοντας. Ἡ κατάστασις παρακολουθεῖται συνεχῶς ὑπό εἰδικῶν, οἱ ὁποῖοι ἐξετάζουν πάσαν δυνατότητα διά τήν ταχεῖαν λύσιν τοῦ ζητήματος.

ΠΕΙΡΑΙΕΥΣ, 7. — Κατά πληροφορίας τοῦ λιμεναρχείου, αἱ προσπάθειαι διά τήν ἀποκόλλησιν τοῦ σκάφους συνεχίζονται μετά προσοχῆς, ὑπό τήν ἐποπτείαν τῶν ἁρμοδίων ἀρχῶν, ἐνῷ τό πλήρωμα παραμένει ἐπί τοῦ πλοίου καί οὐδείς κίνδυνος ὑφίσταται διά τούς ἐπιβαίνοντας. Ἡ κατάστασις παρακολουθεῖται συνεχῶς ὑπό εἰδικῶν, οἱ ὁποῖοι ἐξετάζουν πάσαν δυνατότητα διά τήν ταχεῖαν λύσιν τοῦ ζητήματος.

ΠΕΙΡΑΙΕΥΣ, 7. — Κατά πληροφορίας τοῦ λιμεναρχείου, αἱ προσπάθειαι διά τήν ἀποκόλλησιν τοῦ σκάφους συνεχίζονται μετά προσοχῆς, ὑπό τήν ἐποπτείαν τῶν ἁρμοδίων ἀρχῶν, ἐνῷ τό πλήρωμα παραμένει ἐπί τοῦ πλοίου καί οὐδείς κίνδυνος ὑφίσταται διά τούς ἐπιβαίνοντας. Ἡ κατάστασις παρακολουθεῖται συνεχῶς ὑπό εἰδικῶν, οἱ ὁποῖοι ἐξετάζουν πάσαν δυνατότητα διά τήν ταχεῖαν λύσιν τοῦ ζητήματος.

ΠΕΙΡΑΙΕΥΣ, 7. — Κατά πληροφορίας τοῦ λιμεναρχείου, αἱ προσπάθειαι διά τήν ἀποκόλλησιν τοῦ σκάφους συνεχίζονται μετά προσοχῆς, ὑπό τήν ἐποπτείαν τῶν ἁρμοδίων ἀρχῶν, ἐνῷ τό πλήρωμα παραμένει ἐπί τοῦ πλοίου καί οὐδείς κίνδυνος ὑφίσταται διά τούς ἐπιβαίνοντας. Ἡ κατάστασις παρακολουθεῖται συνεχῶς ὑπό εἰδικῶν, οἱ ὁποῖοι ἐξετάζουν πάσαν δυνατότητα διά τήν ταχεῖαν λύσιν τοῦ ζητήματος.

ΠΕΙΡΑΙΕΥΣ, 7. — Κατά πληροφορίας τοῦ λιμεναρχείου, αἱ προσπάθειαι διά τήν ἀποκόλλησιν τοῦ σκάφους συνεχίζονται μετά προσοχῆς, ὑπό τήν ἐποπτείαν τῶν ἁρμοδίων ἀρχῶν, ἐνῷ τό πλήρωμα παραμένει ἐπί τοῦ πλοίου καί οὐδείς κίνδυνος ὑφίσταται διά τούς ἐπιβαίνοντας. Ἡ κατάστασις παρακολουθεῖται συνεχῶς ὑπό εἰδικῶν, οἱ ὁποῖοι ἐξετάζουν πάσαν δυνατότητα διά τήν ταχεῖαν λύσιν τοῦ ζητήματος.

ΣΥΝΕΧΕΙΑ ΕΙΣ ΤΗΝ 7ην ΣΕΛΙΔΑ
Τά ἴχνη ὁδηγοῦν σέ παγίδα
Περιπετειῶδες εἰκονογραφημένο ἀστυνομικό ἀνάγνωσμα
14. ΕΚΠΛΗΚΤΙΚΟΣ «ΜΟΝΤΕΡ»...

ΠΕΙΡΑΙΕΥΣ, 7. — Κατά πληροφορίας τοῦ λιμεναρχείου, αἱ προσπάθειαι διά τήν ἀποκόλλησιν τοῦ σκάφους συνεχίζονται μετά προσοχῆς, ὑπό τήν ἐποπτείαν τῶν ἁρμοδίων ἀρχῶν, ἐνῷ τό πλήρωμα παραμένει ἐπί τοῦ πλοίου καί οὐδείς κίνδυνος ὑφίσταται διά τούς ἐπιβαίνοντας. Ἡ κατάστασις παρακολουθεῖται συνεχῶς ὑπό εἰδικῶν, οἱ ὁποῖοι ἐξετάζουν πάσαν δυνατότητα διά τήν ταχεῖαν λύσιν τοῦ ζητήματος.

ΠΕΙΡΑΙΕΥΣ, 7. — Κατά πληροφορίας τοῦ λιμεναρχείου, αἱ προσπάθειαι διά τήν ἀποκόλλησιν τοῦ σκάφους συνεχίζονται μετά προσοχῆς, ὑπό τήν ἐποπτείαν τῶν ἁρμοδίων ἀρχῶν, ἐνῷ τό πλήρωμα παραμένει ἐπί τοῦ πλοίου καί οὐδείς κίνδυνος ὑφίσταται διά τούς ἐπιβαίνοντας. Ἡ κατάστασις παρακολουθεῖται συνεχῶς ὑπό εἰδικῶν, οἱ ὁποῖοι ἐξετάζουν πάσαν δυνατότητα διά τήν ταχεῖαν λύσιν τοῦ ζητήματος.

ΠΕΙΡΑΙΕΥΣ, 7. — Κατά πληροφορίας τοῦ λιμεναρχείου, αἱ προσπάθειαι διά τήν ἀποκόλλησιν τοῦ σκάφους συνεχίζονται μετά προσοχῆς, ὑπό τήν ἐποπτείαν τῶν ἁρμοδίων ἀρχῶν, ἐνῷ τό πλήρωμα παραμένει ἐπί τοῦ πλοίου καί οὐδείς κίνδυνος ὑφίσταται διά τούς ἐπιβαίνοντας. Ἡ κατάστασις παρακολουθεῖται συνεχῶς ὑπό εἰδικῶν, οἱ ὁποῖοι ἐξετάζουν πάσαν δυνατότητα διά τήν ταχεῖαν λύσιν τοῦ ζητήματος.

Η ΣΥΝΕΧΕΙΑ ΑΥΡΙΟΝ

ΠΕΙΡΑΙΕΥΣ, 7. — Κατά πληροφορίας τοῦ λιμεναρχείου, αἱ προσπάθειαι διά τήν ἀποκόλλησιν τοῦ σκάφους συνεχίζονται μετά προσοχῆς, ὑπό τήν ἐποπτείαν τῶν ἁρμοδίων ἀρχῶν, ἐνῷ τό πλήρωμα παραμένει ἐπί τοῦ πλοίου καί οὐδείς κίνδυνος ὑφίσταται διά τούς ἐπιβαίνοντας. Ἡ κατάστασις παρακολουθεῖται συνεχῶς ὑπό εἰδικῶν, οἱ ὁποῖοι ἐξετάζουν πάσαν δυνατότητα διά τήν ταχεῖαν λύσιν τοῦ ζητήματος.

ΠΕΙΡΑΙΕΥΣ, 7. — Κατά πληροφορίας τοῦ λιμεναρχείου, αἱ προσπάθειαι διά τήν ἀποκόλλησιν τοῦ σκάφους συνεχίζονται μετά προσοχῆς, ὑπό τήν ἐποπτείαν τῶν ἁρμοδίων ἀρχῶν, ἐνῷ τό πλήρωμα παραμένει ἐπί τοῦ πλοίου καί οὐδείς κίνδυνος ὑφίσταται διά τούς ἐπιβαίνοντας. Ἡ κατάστασις παρακολουθεῖται συνεχῶς ὑπό εἰδικῶν, οἱ ὁποῖοι ἐξετάζουν πάσαν δυνατότητα διά τήν ταχεῖαν λύσιν τοῦ ζητήματος.

ΠΕΙΡΑΙΕΥΣ, 7. — Κατά πληροφορίας τοῦ λιμεναρχείου, αἱ προσπάθειαι διά τήν ἀποκόλλησιν τοῦ σκάφους συνεχίζονται μετά προσοχῆς, ὑπό τήν ἐποπτείαν τῶν ἁρμοδίων ἀρχῶν, ἐνῷ τό πλήρωμα παραμένει ἐπί τοῦ πλοίου καί οὐδείς κίνδυνος ὑφίσταται διά τούς ἐπιβαίνοντας. Ἡ κατάστασις παρακολουθεῖται συνεχῶς ὑπό εἰδικῶν, οἱ ὁποῖοι ἐξετάζουν πάσαν δυνατότητα διά τήν ταχεῖαν λύσιν τοῦ ζητήματος.

ΠΕΙΡΑΙΕΥΣ, 7. — Κατά πληροφορίας τοῦ λιμεναρχείου, αἱ προσπάθειαι διά τήν ἀποκόλλησιν τοῦ σκάφους συνεχίζονται μετά προσοχῆς, ὑπό τήν ἐποπτείαν τῶν ἁρμοδίων ἀρχῶν, ἐνῷ τό πλήρωμα παραμένει ἐπί τοῦ πλοίου καί οὐδείς κίνδυνος ὑφίσταται διά τούς ἐπιβαίνοντας. Ἡ κατάστασις παρακολουθεῖται συνεχῶς ὑπό εἰδικῶν, οἱ ὁποῖοι ἐξετάζουν πάσαν δυνατότητα διά τήν ταχεῖαν λύσιν τοῦ ζητήματος.

ΑΥΡΙΟΝ: Η συνέχεια
